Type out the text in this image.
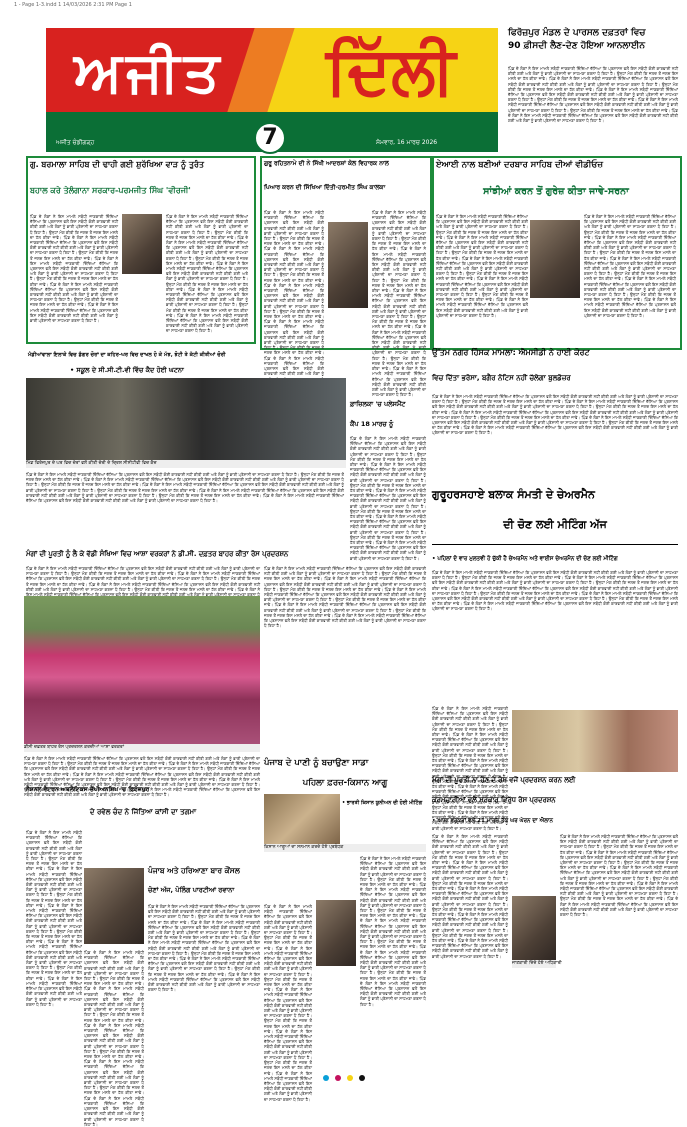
1 - Page 1-3.indd 1 14/03/2026 2:31 PM Page 1
ਅਜੀਤ ਦਿੱਲੀ
ਅਜੀਤ ਚੰਡੀਗੜ੍ਹ	7	ਸੋਮਵਾਰ, 16 ਮਾਰਚ 2026
ਫਿਰੋਜ਼ਪੁਰ ਮੰਡਲ ਦੇ ਪਾਰਸਲ ਦਫ਼ਤਰਾਂ ਵਿਚ
90 ਫ਼ੀਸਦੀ ਲੈਣ-ਦੇਣ ਹੋਇਆ ਆਨਲਾਈਨ
ਪਿੰਡ ਦੇ ਲੋਕਾਂ ਨੇ ਇਸ ਮਾਮਲੇ ਸਬੰਧੀ ਜਾਣਕਾਰੀ ਦਿੰਦਿਆਂ ਦੱਸਿਆ ਕਿ ਪ੍ਰਸ਼ਾਸਨ ਵਲੋਂ ਇਸ ਸਬੰਧੀ ਕੋਈ ਕਾਰਵਾਈ ਨਹੀਂ ਕੀਤੀ ਗਈ ਅਤੇ ਲੋਕਾਂ ਨੂੰ ਭਾਰੀ ਪ੍ਰੇਸ਼ਾਨੀ ਦਾ ਸਾਹਮਣਾ ਕਰਨਾ ਪੈ ਰਿਹਾ ਹੈ। ਉਨ੍ਹਾਂ ਮੰਗ ਕੀਤੀ ਕਿ ਜਲਦ ਤੋਂ ਜਲਦ ਇਸ ਮਸਲੇ ਦਾ ਹੱਲ ਕੀਤਾ ਜਾਵੇ। ਪਿੰਡ ਦੇ ਲੋਕਾਂ ਨੇ ਇਸ ਮਾਮਲੇ ਸਬੰਧੀ ਜਾਣਕਾਰੀ ਦਿੰਦਿਆਂ ਦੱਸਿਆ ਕਿ ਪ੍ਰਸ਼ਾਸਨ ਵਲੋਂ ਇਸ ਸਬੰਧੀ ਕੋਈ ਕਾਰਵਾਈ ਨਹੀਂ ਕੀਤੀ ਗਈ ਅਤੇ ਲੋਕਾਂ ਨੂੰ ਭਾਰੀ ਪ੍ਰੇਸ਼ਾਨੀ ਦਾ ਸਾਹਮਣਾ ਕਰਨਾ ਪੈ ਰਿਹਾ ਹੈ। ਉਨ੍ਹਾਂ ਮੰਗ ਕੀਤੀ ਕਿ ਜਲਦ ਤੋਂ ਜਲਦ ਇਸ ਮਸਲੇ ਦਾ ਹੱਲ ਕੀਤਾ ਜਾਵੇ। ਪਿੰਡ ਦੇ ਲੋਕਾਂ ਨੇ ਇਸ ਮਾਮਲੇ ਸਬੰਧੀ ਜਾਣਕਾਰੀ ਦਿੰਦਿਆਂ ਦੱਸਿਆ ਕਿ ਪ੍ਰਸ਼ਾਸਨ ਵਲੋਂ ਇਸ ਸਬੰਧੀ ਕੋਈ ਕਾਰਵਾਈ ਨਹੀਂ ਕੀਤੀ ਗਈ ਅਤੇ ਲੋਕਾਂ ਨੂੰ ਭਾਰੀ ਪ੍ਰੇਸ਼ਾਨੀ ਦਾ ਸਾਹਮਣਾ ਕਰਨਾ ਪੈ ਰਿਹਾ ਹੈ। ਉਨ੍ਹਾਂ ਮੰਗ ਕੀਤੀ ਕਿ ਜਲਦ ਤੋਂ ਜਲਦ ਇਸ ਮਸਲੇ ਦਾ ਹੱਲ ਕੀਤਾ ਜਾਵੇ। ਪਿੰਡ ਦੇ ਲੋਕਾਂ ਨੇ ਇਸ ਮਾਮਲੇ ਸਬੰਧੀ ਜਾਣਕਾਰੀ ਦਿੰਦਿਆਂ ਦੱਸਿਆ ਕਿ ਪ੍ਰਸ਼ਾਸਨ ਵਲੋਂ ਇਸ ਸਬੰਧੀ ਕੋਈ ਕਾਰਵਾਈ ਨਹੀਂ ਕੀਤੀ ਗਈ ਅਤੇ ਲੋਕਾਂ ਨੂੰ ਭਾਰੀ ਪ੍ਰੇਸ਼ਾਨੀ ਦਾ ਸਾਹਮਣਾ ਕਰਨਾ ਪੈ ਰਿਹਾ ਹੈ। ਉਨ੍ਹਾਂ ਮੰਗ ਕੀਤੀ ਕਿ ਜਲਦ ਤੋਂ ਜਲਦ ਇਸ ਮਸਲੇ ਦਾ ਹੱਲ ਕੀਤਾ ਜਾਵੇ। ਪਿੰਡ ਦੇ ਲੋਕਾਂ ਨੇ ਇਸ ਮਾਮਲੇ ਸਬੰਧੀ ਜਾਣਕਾਰੀ ਦਿੰਦਿਆਂ ਦੱਸਿਆ ਕਿ ਪ੍ਰਸ਼ਾਸਨ ਵਲੋਂ ਇਸ ਸਬੰਧੀ ਕੋਈ ਕਾਰਵਾਈ ਨਹੀਂ ਕੀਤੀ ਗਈ ਅਤੇ ਲੋਕਾਂ ਨੂੰ ਭਾਰੀ ਪ੍ਰੇਸ਼ਾਨੀ ਦਾ ਸਾਹਮਣਾ ਕਰਨਾ ਪੈ ਰਿਹਾ ਹੈ।
ਗੁ. ਬਰਮਾਲਾ ਸਾਹਿਬ ਦੀ ਢਾਹੀ ਗਈ ਸ਼ੁਰੱਖਿਆ ਵਾੜ ਨੂੰ ਤੁਰੰਤ
ਬਹਾਲ ਕਰੇ ਤੇਲੰਗਾਨਾ ਸਰਕਾਰ-ਪਰਮਜੀਤ ਸਿੰਘ 'ਵੀਰਜੀ'
ਪਿੰਡ ਦੇ ਲੋਕਾਂ ਨੇ ਇਸ ਮਾਮਲੇ ਸਬੰਧੀ ਜਾਣਕਾਰੀ ਦਿੰਦਿਆਂ ਦੱਸਿਆ ਕਿ ਪ੍ਰਸ਼ਾਸਨ ਵਲੋਂ ਇਸ ਸਬੰਧੀ ਕੋਈ ਕਾਰਵਾਈ ਨਹੀਂ ਕੀਤੀ ਗਈ ਅਤੇ ਲੋਕਾਂ ਨੂੰ ਭਾਰੀ ਪ੍ਰੇਸ਼ਾਨੀ ਦਾ ਸਾਹਮਣਾ ਕਰਨਾ ਪੈ ਰਿਹਾ ਹੈ। ਉਨ੍ਹਾਂ ਮੰਗ ਕੀਤੀ ਕਿ ਜਲਦ ਤੋਂ ਜਲਦ ਇਸ ਮਸਲੇ ਦਾ ਹੱਲ ਕੀਤਾ ਜਾਵੇ। ਪਿੰਡ ਦੇ ਲੋਕਾਂ ਨੇ ਇਸ ਮਾਮਲੇ ਸਬੰਧੀ ਜਾਣਕਾਰੀ ਦਿੰਦਿਆਂ ਦੱਸਿਆ ਕਿ ਪ੍ਰਸ਼ਾਸਨ ਵਲੋਂ ਇਸ ਸਬੰਧੀ ਕੋਈ ਕਾਰਵਾਈ ਨਹੀਂ ਕੀਤੀ ਗਈ ਅਤੇ ਲੋਕਾਂ ਨੂੰ ਭਾਰੀ ਪ੍ਰੇਸ਼ਾਨੀ ਦਾ ਸਾਹਮਣਾ ਕਰਨਾ ਪੈ ਰਿਹਾ ਹੈ। ਉਨ੍ਹਾਂ ਮੰਗ ਕੀਤੀ ਕਿ ਜਲਦ ਤੋਂ ਜਲਦ ਇਸ ਮਸਲੇ ਦਾ ਹੱਲ ਕੀਤਾ ਜਾਵੇ। ਪਿੰਡ ਦੇ ਲੋਕਾਂ ਨੇ ਇਸ ਮਾਮਲੇ ਸਬੰਧੀ ਜਾਣਕਾਰੀ ਦਿੰਦਿਆਂ ਦੱਸਿਆ ਕਿ ਪ੍ਰਸ਼ਾਸਨ ਵਲੋਂ ਇਸ ਸਬੰਧੀ ਕੋਈ ਕਾਰਵਾਈ ਨਹੀਂ ਕੀਤੀ ਗਈ ਅਤੇ ਲੋਕਾਂ ਨੂੰ ਭਾਰੀ ਪ੍ਰੇਸ਼ਾਨੀ ਦਾ ਸਾਹਮਣਾ ਕਰਨਾ ਪੈ ਰਿਹਾ ਹੈ। ਉਨ੍ਹਾਂ ਮੰਗ ਕੀਤੀ ਕਿ ਜਲਦ ਤੋਂ ਜਲਦ ਇਸ ਮਸਲੇ ਦਾ ਹੱਲ ਕੀਤਾ ਜਾਵੇ। ਪਿੰਡ ਦੇ ਲੋਕਾਂ ਨੇ ਇਸ ਮਾਮਲੇ ਸਬੰਧੀ ਜਾਣਕਾਰੀ ਦਿੰਦਿਆਂ ਦੱਸਿਆ ਕਿ ਪ੍ਰਸ਼ਾਸਨ ਵਲੋਂ ਇਸ ਸਬੰਧੀ ਕੋਈ ਕਾਰਵਾਈ ਨਹੀਂ ਕੀਤੀ ਗਈ ਅਤੇ ਲੋਕਾਂ ਨੂੰ ਭਾਰੀ ਪ੍ਰੇਸ਼ਾਨੀ ਦਾ ਸਾਹਮਣਾ ਕਰਨਾ ਪੈ ਰਿਹਾ ਹੈ। ਉਨ੍ਹਾਂ ਮੰਗ ਕੀਤੀ ਕਿ ਜਲਦ ਤੋਂ ਜਲਦ ਇਸ ਮਸਲੇ ਦਾ ਹੱਲ ਕੀਤਾ ਜਾਵੇ। ਪਿੰਡ ਦੇ ਲੋਕਾਂ ਨੇ ਇਸ ਮਾਮਲੇ ਸਬੰਧੀ ਜਾਣਕਾਰੀ ਦਿੰਦਿਆਂ ਦੱਸਿਆ ਕਿ ਪ੍ਰਸ਼ਾਸਨ ਵਲੋਂ ਇਸ ਸਬੰਧੀ ਕੋਈ ਕਾਰਵਾਈ ਨਹੀਂ ਕੀਤੀ ਗਈ ਅਤੇ ਲੋਕਾਂ ਨੂੰ ਭਾਰੀ ਪ੍ਰੇਸ਼ਾਨੀ ਦਾ ਸਾਹਮਣਾ ਕਰਨਾ ਪੈ ਰਿਹਾ ਹੈ।
ਪਿੰਡ ਦੇ ਲੋਕਾਂ ਨੇ ਇਸ ਮਾਮਲੇ ਸਬੰਧੀ ਜਾਣਕਾਰੀ ਦਿੰਦਿਆਂ ਦੱਸਿਆ ਕਿ ਪ੍ਰਸ਼ਾਸਨ ਵਲੋਂ ਇਸ ਸਬੰਧੀ ਕੋਈ ਕਾਰਵਾਈ ਨਹੀਂ ਕੀਤੀ ਗਈ ਅਤੇ ਲੋਕਾਂ ਨੂੰ ਭਾਰੀ ਪ੍ਰੇਸ਼ਾਨੀ ਦਾ ਸਾਹਮਣਾ ਕਰਨਾ ਪੈ ਰਿਹਾ ਹੈ। ਉਨ੍ਹਾਂ ਮੰਗ ਕੀਤੀ ਕਿ ਜਲਦ ਤੋਂ ਜਲਦ ਇਸ ਮਸਲੇ ਦਾ ਹੱਲ ਕੀਤਾ ਜਾਵੇ। ਪਿੰਡ ਦੇ ਲੋਕਾਂ ਨੇ ਇਸ ਮਾਮਲੇ ਸਬੰਧੀ ਜਾਣਕਾਰੀ ਦਿੰਦਿਆਂ ਦੱਸਿਆ ਕਿ ਪ੍ਰਸ਼ਾਸਨ ਵਲੋਂ ਇਸ ਸਬੰਧੀ ਕੋਈ ਕਾਰਵਾਈ ਨਹੀਂ ਕੀਤੀ ਗਈ ਅਤੇ ਲੋਕਾਂ ਨੂੰ ਭਾਰੀ ਪ੍ਰੇਸ਼ਾਨੀ ਦਾ ਸਾਹਮਣਾ ਕਰਨਾ ਪੈ ਰਿਹਾ ਹੈ। ਉਨ੍ਹਾਂ ਮੰਗ ਕੀਤੀ ਕਿ ਜਲਦ ਤੋਂ ਜਲਦ ਇਸ ਮਸਲੇ ਦਾ ਹੱਲ ਕੀਤਾ ਜਾਵੇ। ਪਿੰਡ ਦੇ ਲੋਕਾਂ ਨੇ ਇਸ ਮਾਮਲੇ ਸਬੰਧੀ ਜਾਣਕਾਰੀ ਦਿੰਦਿਆਂ ਦੱਸਿਆ ਕਿ ਪ੍ਰਸ਼ਾਸਨ ਵਲੋਂ ਇਸ ਸਬੰਧੀ ਕੋਈ ਕਾਰਵਾਈ ਨਹੀਂ ਕੀਤੀ ਗਈ ਅਤੇ ਲੋਕਾਂ ਨੂੰ ਭਾਰੀ ਪ੍ਰੇਸ਼ਾਨੀ ਦਾ ਸਾਹਮਣਾ ਕਰਨਾ ਪੈ ਰਿਹਾ ਹੈ। ਉਨ੍ਹਾਂ ਮੰਗ ਕੀਤੀ ਕਿ ਜਲਦ ਤੋਂ ਜਲਦ ਇਸ ਮਸਲੇ ਦਾ ਹੱਲ ਕੀਤਾ ਜਾਵੇ। ਪਿੰਡ ਦੇ ਲੋਕਾਂ ਨੇ ਇਸ ਮਾਮਲੇ ਸਬੰਧੀ ਜਾਣਕਾਰੀ ਦਿੰਦਿਆਂ ਦੱਸਿਆ ਕਿ ਪ੍ਰਸ਼ਾਸਨ ਵਲੋਂ ਇਸ ਸਬੰਧੀ ਕੋਈ ਕਾਰਵਾਈ ਨਹੀਂ ਕੀਤੀ ਗਈ ਅਤੇ ਲੋਕਾਂ ਨੂੰ ਭਾਰੀ ਪ੍ਰੇਸ਼ਾਨੀ ਦਾ ਸਾਹਮਣਾ ਕਰਨਾ ਪੈ ਰਿਹਾ ਹੈ। ਉਨ੍ਹਾਂ ਮੰਗ ਕੀਤੀ ਕਿ ਜਲਦ ਤੋਂ ਜਲਦ ਇਸ ਮਸਲੇ ਦਾ ਹੱਲ ਕੀਤਾ ਜਾਵੇ। ਪਿੰਡ ਦੇ ਲੋਕਾਂ ਨੇ ਇਸ ਮਾਮਲੇ ਸਬੰਧੀ ਜਾਣਕਾਰੀ ਦਿੰਦਿਆਂ ਦੱਸਿਆ ਕਿ ਪ੍ਰਸ਼ਾਸਨ ਵਲੋਂ ਇਸ ਸਬੰਧੀ ਕੋਈ ਕਾਰਵਾਈ ਨਹੀਂ ਕੀਤੀ ਗਈ ਅਤੇ ਲੋਕਾਂ ਨੂੰ ਭਾਰੀ ਪ੍ਰੇਸ਼ਾਨੀ ਦਾ ਸਾਹਮਣਾ ਕਰਨਾ ਪੈ ਰਿਹਾ ਹੈ।
ਗੁਰੂ ਰਹਿਤਨਾਮੇ ਦੀ ਨੇ ਸਿੱਖੀ ਆਦਰਸ਼ਾਂ ਕੋਲ ਵਿਹਾਰਕ ਨਾਲ
ਪਿਆਰ ਕਰਨ ਦੀ ਸਿੱਖਿਆ ਦਿੱਤੀ-ਹਰਮੀਤ ਸਿੰਘ ਕਾਲਕਾ
ਪਿੰਡ ਦੇ ਲੋਕਾਂ ਨੇ ਇਸ ਮਾਮਲੇ ਸਬੰਧੀ ਜਾਣਕਾਰੀ ਦਿੰਦਿਆਂ ਦੱਸਿਆ ਕਿ ਪ੍ਰਸ਼ਾਸਨ ਵਲੋਂ ਇਸ ਸਬੰਧੀ ਕੋਈ ਕਾਰਵਾਈ ਨਹੀਂ ਕੀਤੀ ਗਈ ਅਤੇ ਲੋਕਾਂ ਨੂੰ ਭਾਰੀ ਪ੍ਰੇਸ਼ਾਨੀ ਦਾ ਸਾਹਮਣਾ ਕਰਨਾ ਪੈ ਰਿਹਾ ਹੈ। ਉਨ੍ਹਾਂ ਮੰਗ ਕੀਤੀ ਕਿ ਜਲਦ ਤੋਂ ਜਲਦ ਇਸ ਮਸਲੇ ਦਾ ਹੱਲ ਕੀਤਾ ਜਾਵੇ। ਪਿੰਡ ਦੇ ਲੋਕਾਂ ਨੇ ਇਸ ਮਾਮਲੇ ਸਬੰਧੀ ਜਾਣਕਾਰੀ ਦਿੰਦਿਆਂ ਦੱਸਿਆ ਕਿ ਪ੍ਰਸ਼ਾਸਨ ਵਲੋਂ ਇਸ ਸਬੰਧੀ ਕੋਈ ਕਾਰਵਾਈ ਨਹੀਂ ਕੀਤੀ ਗਈ ਅਤੇ ਲੋਕਾਂ ਨੂੰ ਭਾਰੀ ਪ੍ਰੇਸ਼ਾਨੀ ਦਾ ਸਾਹਮਣਾ ਕਰਨਾ ਪੈ ਰਿਹਾ ਹੈ। ਉਨ੍ਹਾਂ ਮੰਗ ਕੀਤੀ ਕਿ ਜਲਦ ਤੋਂ ਜਲਦ ਇਸ ਮਸਲੇ ਦਾ ਹੱਲ ਕੀਤਾ ਜਾਵੇ। ਪਿੰਡ ਦੇ ਲੋਕਾਂ ਨੇ ਇਸ ਮਾਮਲੇ ਸਬੰਧੀ ਜਾਣਕਾਰੀ ਦਿੰਦਿਆਂ ਦੱਸਿਆ ਕਿ ਪ੍ਰਸ਼ਾਸਨ ਵਲੋਂ ਇਸ ਸਬੰਧੀ ਕੋਈ ਕਾਰਵਾਈ ਨਹੀਂ ਕੀਤੀ ਗਈ ਅਤੇ ਲੋਕਾਂ ਨੂੰ ਭਾਰੀ ਪ੍ਰੇਸ਼ਾਨੀ ਦਾ ਸਾਹਮਣਾ ਕਰਨਾ ਪੈ ਰਿਹਾ ਹੈ। ਉਨ੍ਹਾਂ ਮੰਗ ਕੀਤੀ ਕਿ ਜਲਦ ਤੋਂ ਜਲਦ ਇਸ ਮਸਲੇ ਦਾ ਹੱਲ ਕੀਤਾ ਜਾਵੇ। ਪਿੰਡ ਦੇ ਲੋਕਾਂ ਨੇ ਇਸ ਮਾਮਲੇ ਸਬੰਧੀ ਜਾਣਕਾਰੀ ਦਿੰਦਿਆਂ ਦੱਸਿਆ ਕਿ ਪ੍ਰਸ਼ਾਸਨ ਵਲੋਂ ਇਸ ਸਬੰਧੀ ਕੋਈ ਕਾਰਵਾਈ ਨਹੀਂ ਕੀਤੀ ਗਈ ਅਤੇ ਲੋਕਾਂ ਨੂੰ ਭਾਰੀ ਪ੍ਰੇਸ਼ਾਨੀ ਦਾ ਸਾਹਮਣਾ ਕਰਨਾ ਪੈ ਰਿਹਾ ਹੈ। ਉਨ੍ਹਾਂ ਮੰਗ ਕੀਤੀ ਕਿ ਜਲਦ ਤੋਂ ਜਲਦ ਇਸ ਮਸਲੇ ਦਾ ਹੱਲ ਕੀਤਾ ਜਾਵੇ। ਪਿੰਡ ਦੇ ਲੋਕਾਂ ਨੇ ਇਸ ਮਾਮਲੇ ਸਬੰਧੀ ਜਾਣਕਾਰੀ ਦਿੰਦਿਆਂ ਦੱਸਿਆ ਕਿ ਪ੍ਰਸ਼ਾਸਨ ਵਲੋਂ ਇਸ ਸਬੰਧੀ ਕੋਈ ਕਾਰਵਾਈ ਨਹੀਂ ਕੀਤੀ ਗਈ ਅਤੇ ਲੋਕਾਂ ਨੂੰ ਭਾਰੀ ਪ੍ਰੇਸ਼ਾਨੀ ਦਾ ਸਾਹਮਣਾ ਕਰਨਾ ਪੈ ਰਿਹਾ ਹੈ।
ਪਿੰਡ ਦੇ ਲੋਕਾਂ ਨੇ ਇਸ ਮਾਮਲੇ ਸਬੰਧੀ ਜਾਣਕਾਰੀ ਦਿੰਦਿਆਂ ਦੱਸਿਆ ਕਿ ਪ੍ਰਸ਼ਾਸਨ ਵਲੋਂ ਇਸ ਸਬੰਧੀ ਕੋਈ ਕਾਰਵਾਈ ਨਹੀਂ ਕੀਤੀ ਗਈ ਅਤੇ ਲੋਕਾਂ ਨੂੰ ਭਾਰੀ ਪ੍ਰੇਸ਼ਾਨੀ ਦਾ ਸਾਹਮਣਾ ਕਰਨਾ ਪੈ ਰਿਹਾ ਹੈ। ਉਨ੍ਹਾਂ ਮੰਗ ਕੀਤੀ ਕਿ ਜਲਦ ਤੋਂ ਜਲਦ ਇਸ ਮਸਲੇ ਦਾ ਹੱਲ ਕੀਤਾ ਜਾਵੇ। ਪਿੰਡ ਦੇ ਲੋਕਾਂ ਨੇ ਇਸ ਮਾਮਲੇ ਸਬੰਧੀ ਜਾਣਕਾਰੀ ਦਿੰਦਿਆਂ ਦੱਸਿਆ ਕਿ ਪ੍ਰਸ਼ਾਸਨ ਵਲੋਂ ਇਸ ਸਬੰਧੀ ਕੋਈ ਕਾਰਵਾਈ ਨਹੀਂ ਕੀਤੀ ਗਈ ਅਤੇ ਲੋਕਾਂ ਨੂੰ ਭਾਰੀ ਪ੍ਰੇਸ਼ਾਨੀ ਦਾ ਸਾਹਮਣਾ ਕਰਨਾ ਪੈ ਰਿਹਾ ਹੈ। ਉਨ੍ਹਾਂ ਮੰਗ ਕੀਤੀ ਕਿ ਜਲਦ ਤੋਂ ਜਲਦ ਇਸ ਮਸਲੇ ਦਾ ਹੱਲ ਕੀਤਾ ਜਾਵੇ। ਪਿੰਡ ਦੇ ਲੋਕਾਂ ਨੇ ਇਸ ਮਾਮਲੇ ਸਬੰਧੀ ਜਾਣਕਾਰੀ ਦਿੰਦਿਆਂ ਦੱਸਿਆ ਕਿ ਪ੍ਰਸ਼ਾਸਨ ਵਲੋਂ ਇਸ ਸਬੰਧੀ ਕੋਈ ਕਾਰਵਾਈ ਨਹੀਂ ਕੀਤੀ ਗਈ ਅਤੇ ਲੋਕਾਂ ਨੂੰ ਭਾਰੀ ਪ੍ਰੇਸ਼ਾਨੀ ਦਾ ਸਾਹਮਣਾ ਕਰਨਾ ਪੈ ਰਿਹਾ ਹੈ। ਉਨ੍ਹਾਂ ਮੰਗ ਕੀਤੀ ਕਿ ਜਲਦ ਤੋਂ ਜਲਦ ਇਸ ਮਸਲੇ ਦਾ ਹੱਲ ਕੀਤਾ ਜਾਵੇ। ਪਿੰਡ ਦੇ ਲੋਕਾਂ ਨੇ ਇਸ ਮਾਮਲੇ ਸਬੰਧੀ ਜਾਣਕਾਰੀ ਦਿੰਦਿਆਂ ਦੱਸਿਆ ਕਿ ਪ੍ਰਸ਼ਾਸਨ ਵਲੋਂ ਇਸ ਸਬੰਧੀ ਕੋਈ ਕਾਰਵਾਈ ਨਹੀਂ ਕੀਤੀ ਗਈ ਅਤੇ ਲੋਕਾਂ ਨੂੰ ਭਾਰੀ ਪ੍ਰੇਸ਼ਾਨੀ ਦਾ ਸਾਹਮਣਾ ਕਰਨਾ ਪੈ ਰਿਹਾ ਹੈ। ਉਨ੍ਹਾਂ ਮੰਗ ਕੀਤੀ ਕਿ ਜਲਦ ਤੋਂ ਜਲਦ ਇਸ ਮਸਲੇ ਦਾ ਹੱਲ ਕੀਤਾ ਜਾਵੇ। ਪਿੰਡ ਦੇ ਲੋਕਾਂ ਨੇ ਇਸ ਮਾਮਲੇ ਸਬੰਧੀ ਜਾਣਕਾਰੀ ਦਿੰਦਿਆਂ ਦੱਸਿਆ ਕਿ ਪ੍ਰਸ਼ਾਸਨ ਵਲੋਂ ਇਸ ਸਬੰਧੀ ਕੋਈ ਕਾਰਵਾਈ ਨਹੀਂ ਕੀਤੀ ਗਈ ਅਤੇ ਲੋਕਾਂ ਨੂੰ ਭਾਰੀ ਪ੍ਰੇਸ਼ਾਨੀ ਦਾ ਸਾਹਮਣਾ ਕਰਨਾ ਪੈ ਰਿਹਾ ਹੈ।
ਏਆਈ ਨਾਲ ਬਣੀਆਂ ਦਰਬਾਰ ਸਾਹਿਬ ਦੀਆਂ ਵੀਡੀਓਜ਼
ਸਾਂਝੀਆਂ ਕਰਨ ਤੋਂ ਗੁਰੇਜ਼ ਕੀਤਾ ਜਾਵੇ-ਸਰਨਾ
ਪਿੰਡ ਦੇ ਲੋਕਾਂ ਨੇ ਇਸ ਮਾਮਲੇ ਸਬੰਧੀ ਜਾਣਕਾਰੀ ਦਿੰਦਿਆਂ ਦੱਸਿਆ ਕਿ ਪ੍ਰਸ਼ਾਸਨ ਵਲੋਂ ਇਸ ਸਬੰਧੀ ਕੋਈ ਕਾਰਵਾਈ ਨਹੀਂ ਕੀਤੀ ਗਈ ਅਤੇ ਲੋਕਾਂ ਨੂੰ ਭਾਰੀ ਪ੍ਰੇਸ਼ਾਨੀ ਦਾ ਸਾਹਮਣਾ ਕਰਨਾ ਪੈ ਰਿਹਾ ਹੈ। ਉਨ੍ਹਾਂ ਮੰਗ ਕੀਤੀ ਕਿ ਜਲਦ ਤੋਂ ਜਲਦ ਇਸ ਮਸਲੇ ਦਾ ਹੱਲ ਕੀਤਾ ਜਾਵੇ। ਪਿੰਡ ਦੇ ਲੋਕਾਂ ਨੇ ਇਸ ਮਾਮਲੇ ਸਬੰਧੀ ਜਾਣਕਾਰੀ ਦਿੰਦਿਆਂ ਦੱਸਿਆ ਕਿ ਪ੍ਰਸ਼ਾਸਨ ਵਲੋਂ ਇਸ ਸਬੰਧੀ ਕੋਈ ਕਾਰਵਾਈ ਨਹੀਂ ਕੀਤੀ ਗਈ ਅਤੇ ਲੋਕਾਂ ਨੂੰ ਭਾਰੀ ਪ੍ਰੇਸ਼ਾਨੀ ਦਾ ਸਾਹਮਣਾ ਕਰਨਾ ਪੈ ਰਿਹਾ ਹੈ। ਉਨ੍ਹਾਂ ਮੰਗ ਕੀਤੀ ਕਿ ਜਲਦ ਤੋਂ ਜਲਦ ਇਸ ਮਸਲੇ ਦਾ ਹੱਲ ਕੀਤਾ ਜਾਵੇ। ਪਿੰਡ ਦੇ ਲੋਕਾਂ ਨੇ ਇਸ ਮਾਮਲੇ ਸਬੰਧੀ ਜਾਣਕਾਰੀ ਦਿੰਦਿਆਂ ਦੱਸਿਆ ਕਿ ਪ੍ਰਸ਼ਾਸਨ ਵਲੋਂ ਇਸ ਸਬੰਧੀ ਕੋਈ ਕਾਰਵਾਈ ਨਹੀਂ ਕੀਤੀ ਗਈ ਅਤੇ ਲੋਕਾਂ ਨੂੰ ਭਾਰੀ ਪ੍ਰੇਸ਼ਾਨੀ ਦਾ ਸਾਹਮਣਾ ਕਰਨਾ ਪੈ ਰਿਹਾ ਹੈ। ਉਨ੍ਹਾਂ ਮੰਗ ਕੀਤੀ ਕਿ ਜਲਦ ਤੋਂ ਜਲਦ ਇਸ ਮਸਲੇ ਦਾ ਹੱਲ ਕੀਤਾ ਜਾਵੇ। ਪਿੰਡ ਦੇ ਲੋਕਾਂ ਨੇ ਇਸ ਮਾਮਲੇ ਸਬੰਧੀ ਜਾਣਕਾਰੀ ਦਿੰਦਿਆਂ ਦੱਸਿਆ ਕਿ ਪ੍ਰਸ਼ਾਸਨ ਵਲੋਂ ਇਸ ਸਬੰਧੀ ਕੋਈ ਕਾਰਵਾਈ ਨਹੀਂ ਕੀਤੀ ਗਈ ਅਤੇ ਲੋਕਾਂ ਨੂੰ ਭਾਰੀ ਪ੍ਰੇਸ਼ਾਨੀ ਦਾ ਸਾਹਮਣਾ ਕਰਨਾ ਪੈ ਰਿਹਾ ਹੈ। ਉਨ੍ਹਾਂ ਮੰਗ ਕੀਤੀ ਕਿ ਜਲਦ ਤੋਂ ਜਲਦ ਇਸ ਮਸਲੇ ਦਾ ਹੱਲ ਕੀਤਾ ਜਾਵੇ। ਪਿੰਡ ਦੇ ਲੋਕਾਂ ਨੇ ਇਸ ਮਾਮਲੇ ਸਬੰਧੀ ਜਾਣਕਾਰੀ ਦਿੰਦਿਆਂ ਦੱਸਿਆ ਕਿ ਪ੍ਰਸ਼ਾਸਨ ਵਲੋਂ ਇਸ ਸਬੰਧੀ ਕੋਈ ਕਾਰਵਾਈ ਨਹੀਂ ਕੀਤੀ ਗਈ ਅਤੇ ਲੋਕਾਂ ਨੂੰ ਭਾਰੀ ਪ੍ਰੇਸ਼ਾਨੀ ਦਾ ਸਾਹਮਣਾ ਕਰਨਾ ਪੈ ਰਿਹਾ ਹੈ।
ਪਿੰਡ ਦੇ ਲੋਕਾਂ ਨੇ ਇਸ ਮਾਮਲੇ ਸਬੰਧੀ ਜਾਣਕਾਰੀ ਦਿੰਦਿਆਂ ਦੱਸਿਆ ਕਿ ਪ੍ਰਸ਼ਾਸਨ ਵਲੋਂ ਇਸ ਸਬੰਧੀ ਕੋਈ ਕਾਰਵਾਈ ਨਹੀਂ ਕੀਤੀ ਗਈ ਅਤੇ ਲੋਕਾਂ ਨੂੰ ਭਾਰੀ ਪ੍ਰੇਸ਼ਾਨੀ ਦਾ ਸਾਹਮਣਾ ਕਰਨਾ ਪੈ ਰਿਹਾ ਹੈ। ਉਨ੍ਹਾਂ ਮੰਗ ਕੀਤੀ ਕਿ ਜਲਦ ਤੋਂ ਜਲਦ ਇਸ ਮਸਲੇ ਦਾ ਹੱਲ ਕੀਤਾ ਜਾਵੇ। ਪਿੰਡ ਦੇ ਲੋਕਾਂ ਨੇ ਇਸ ਮਾਮਲੇ ਸਬੰਧੀ ਜਾਣਕਾਰੀ ਦਿੰਦਿਆਂ ਦੱਸਿਆ ਕਿ ਪ੍ਰਸ਼ਾਸਨ ਵਲੋਂ ਇਸ ਸਬੰਧੀ ਕੋਈ ਕਾਰਵਾਈ ਨਹੀਂ ਕੀਤੀ ਗਈ ਅਤੇ ਲੋਕਾਂ ਨੂੰ ਭਾਰੀ ਪ੍ਰੇਸ਼ਾਨੀ ਦਾ ਸਾਹਮਣਾ ਕਰਨਾ ਪੈ ਰਿਹਾ ਹੈ। ਉਨ੍ਹਾਂ ਮੰਗ ਕੀਤੀ ਕਿ ਜਲਦ ਤੋਂ ਜਲਦ ਇਸ ਮਸਲੇ ਦਾ ਹੱਲ ਕੀਤਾ ਜਾਵੇ। ਪਿੰਡ ਦੇ ਲੋਕਾਂ ਨੇ ਇਸ ਮਾਮਲੇ ਸਬੰਧੀ ਜਾਣਕਾਰੀ ਦਿੰਦਿਆਂ ਦੱਸਿਆ ਕਿ ਪ੍ਰਸ਼ਾਸਨ ਵਲੋਂ ਇਸ ਸਬੰਧੀ ਕੋਈ ਕਾਰਵਾਈ ਨਹੀਂ ਕੀਤੀ ਗਈ ਅਤੇ ਲੋਕਾਂ ਨੂੰ ਭਾਰੀ ਪ੍ਰੇਸ਼ਾਨੀ ਦਾ ਸਾਹਮਣਾ ਕਰਨਾ ਪੈ ਰਿਹਾ ਹੈ। ਉਨ੍ਹਾਂ ਮੰਗ ਕੀਤੀ ਕਿ ਜਲਦ ਤੋਂ ਜਲਦ ਇਸ ਮਸਲੇ ਦਾ ਹੱਲ ਕੀਤਾ ਜਾਵੇ। ਪਿੰਡ ਦੇ ਲੋਕਾਂ ਨੇ ਇਸ ਮਾਮਲੇ ਸਬੰਧੀ ਜਾਣਕਾਰੀ ਦਿੰਦਿਆਂ ਦੱਸਿਆ ਕਿ ਪ੍ਰਸ਼ਾਸਨ ਵਲੋਂ ਇਸ ਸਬੰਧੀ ਕੋਈ ਕਾਰਵਾਈ ਨਹੀਂ ਕੀਤੀ ਗਈ ਅਤੇ ਲੋਕਾਂ ਨੂੰ ਭਾਰੀ ਪ੍ਰੇਸ਼ਾਨੀ ਦਾ ਸਾਹਮਣਾ ਕਰਨਾ ਪੈ ਰਿਹਾ ਹੈ। ਉਨ੍ਹਾਂ ਮੰਗ ਕੀਤੀ ਕਿ ਜਲਦ ਤੋਂ ਜਲਦ ਇਸ ਮਸਲੇ ਦਾ ਹੱਲ ਕੀਤਾ ਜਾਵੇ। ਪਿੰਡ ਦੇ ਲੋਕਾਂ ਨੇ ਇਸ ਮਾਮਲੇ ਸਬੰਧੀ ਜਾਣਕਾਰੀ ਦਿੰਦਿਆਂ ਦੱਸਿਆ ਕਿ ਪ੍ਰਸ਼ਾਸਨ ਵਲੋਂ ਇਸ ਸਬੰਧੀ ਕੋਈ ਕਾਰਵਾਈ ਨਹੀਂ ਕੀਤੀ ਗਈ ਅਤੇ ਲੋਕਾਂ ਨੂੰ ਭਾਰੀ ਪ੍ਰੇਸ਼ਾਨੀ ਦਾ ਸਾਹਮਣਾ ਕਰਨਾ ਪੈ ਰਿਹਾ ਹੈ।
ਮੰਡੀਆਂਵਾਲਾ ਇਲਾਕੇ ਵਿਚ ਡੰਗਰ ਚੋਰਾਂ ਦਾ ਕਹਿਰ-ਘਰ ਵਿਚ ਦਾਖਲ ਹੋ ਕੇ ਮੱਝ, ਝੋਟੀ ਤੇ ਕੱਟੀ ਕੀਤੀਆਂ ਚੋਰੀ
• ਸਕੂਲ ਦੇ ਸੀ.ਸੀ.ਟੀ.ਵੀ ਵਿੱਚ ਕੈਦ ਹੋਈ ਘਟਨਾ
ਮਿੰਡ ਫਿਰੋਜ਼ਪੁਰ ਦੇ ਘਰ ਵਿਚ ਚੋਰਾਂ ਵਲੋਂ ਕੀਤੀ ਚੋਰੀ ਦੇ ਦ੍ਰਿਸ਼ ਸੀਸੀਟੀਵੀ ਵਿਚ ਕੈਦ
ਫ਼ਾਜ਼ਿਲਕਾ 'ਚ ਪਲੇਸਮੈਂਟ
ਕੈਂਪ 18 ਮਾਰਚ ਨੂੰ
ਪਿੰਡ ਦੇ ਲੋਕਾਂ ਨੇ ਇਸ ਮਾਮਲੇ ਸਬੰਧੀ ਜਾਣਕਾਰੀ ਦਿੰਦਿਆਂ ਦੱਸਿਆ ਕਿ ਪ੍ਰਸ਼ਾਸਨ ਵਲੋਂ ਇਸ ਸਬੰਧੀ ਕੋਈ ਕਾਰਵਾਈ ਨਹੀਂ ਕੀਤੀ ਗਈ ਅਤੇ ਲੋਕਾਂ ਨੂੰ ਭਾਰੀ ਪ੍ਰੇਸ਼ਾਨੀ ਦਾ ਸਾਹਮਣਾ ਕਰਨਾ ਪੈ ਰਿਹਾ ਹੈ। ਉਨ੍ਹਾਂ ਮੰਗ ਕੀਤੀ ਕਿ ਜਲਦ ਤੋਂ ਜਲਦ ਇਸ ਮਸਲੇ ਦਾ ਹੱਲ ਕੀਤਾ ਜਾਵੇ। ਪਿੰਡ ਦੇ ਲੋਕਾਂ ਨੇ ਇਸ ਮਾਮਲੇ ਸਬੰਧੀ ਜਾਣਕਾਰੀ ਦਿੰਦਿਆਂ ਦੱਸਿਆ ਕਿ ਪ੍ਰਸ਼ਾਸਨ ਵਲੋਂ ਇਸ ਸਬੰਧੀ ਕੋਈ ਕਾਰਵਾਈ ਨਹੀਂ ਕੀਤੀ ਗਈ ਅਤੇ ਲੋਕਾਂ ਨੂੰ ਭਾਰੀ ਪ੍ਰੇਸ਼ਾਨੀ ਦਾ ਸਾਹਮਣਾ ਕਰਨਾ ਪੈ ਰਿਹਾ ਹੈ। ਉਨ੍ਹਾਂ ਮੰਗ ਕੀਤੀ ਕਿ ਜਲਦ ਤੋਂ ਜਲਦ ਇਸ ਮਸਲੇ ਦਾ ਹੱਲ ਕੀਤਾ ਜਾਵੇ। ਪਿੰਡ ਦੇ ਲੋਕਾਂ ਨੇ ਇਸ ਮਾਮਲੇ ਸਬੰਧੀ ਜਾਣਕਾਰੀ ਦਿੰਦਿਆਂ ਦੱਸਿਆ ਕਿ ਪ੍ਰਸ਼ਾਸਨ ਵਲੋਂ ਇਸ ਸਬੰਧੀ ਕੋਈ ਕਾਰਵਾਈ ਨਹੀਂ ਕੀਤੀ ਗਈ ਅਤੇ ਲੋਕਾਂ ਨੂੰ ਭਾਰੀ ਪ੍ਰੇਸ਼ਾਨੀ ਦਾ ਸਾਹਮਣਾ ਕਰਨਾ ਪੈ ਰਿਹਾ ਹੈ। ਉਨ੍ਹਾਂ ਮੰਗ ਕੀਤੀ ਕਿ ਜਲਦ ਤੋਂ ਜਲਦ ਇਸ ਮਸਲੇ ਦਾ ਹੱਲ ਕੀਤਾ ਜਾਵੇ। ਪਿੰਡ ਦੇ ਲੋਕਾਂ ਨੇ ਇਸ ਮਾਮਲੇ ਸਬੰਧੀ ਜਾਣਕਾਰੀ ਦਿੰਦਿਆਂ ਦੱਸਿਆ ਕਿ ਪ੍ਰਸ਼ਾਸਨ ਵਲੋਂ ਇਸ ਸਬੰਧੀ ਕੋਈ ਕਾਰਵਾਈ ਨਹੀਂ ਕੀਤੀ ਗਈ ਅਤੇ ਲੋਕਾਂ ਨੂੰ ਭਾਰੀ ਪ੍ਰੇਸ਼ਾਨੀ ਦਾ ਸਾਹਮਣਾ ਕਰਨਾ ਪੈ ਰਿਹਾ ਹੈ। ਉਨ੍ਹਾਂ ਮੰਗ ਕੀਤੀ ਕਿ ਜਲਦ ਤੋਂ ਜਲਦ ਇਸ ਮਸਲੇ ਦਾ ਹੱਲ ਕੀਤਾ ਜਾਵੇ। ਪਿੰਡ ਦੇ ਲੋਕਾਂ ਨੇ ਇਸ ਮਾਮਲੇ ਸਬੰਧੀ ਜਾਣਕਾਰੀ ਦਿੰਦਿਆਂ ਦੱਸਿਆ ਕਿ ਪ੍ਰਸ਼ਾਸਨ ਵਲੋਂ ਇਸ ਸਬੰਧੀ ਕੋਈ ਕਾਰਵਾਈ ਨਹੀਂ ਕੀਤੀ ਗਈ ਅਤੇ ਲੋਕਾਂ ਨੂੰ ਭਾਰੀ ਪ੍ਰੇਸ਼ਾਨੀ ਦਾ ਸਾਹਮਣਾ ਕਰਨਾ ਪੈ ਰਿਹਾ ਹੈ।
ਉੱਤਮ ਨਗਰ ਹਿੰਸਕ ਮਾਮਲਾ: ਐਮਸੀਡੀ ਨੇ ਹਾਈ ਕੋਰਟ
ਵਿਚ ਦਿੱਤਾ ਭਰੋਸਾ, ਬਗੈਰ ਨੋਟਿਸ ਨਹੀਂ ਚੱਲੇਗਾ ਬੁਲਡੋਜ਼ਰ
ਪਿੰਡ ਦੇ ਲੋਕਾਂ ਨੇ ਇਸ ਮਾਮਲੇ ਸਬੰਧੀ ਜਾਣਕਾਰੀ ਦਿੰਦਿਆਂ ਦੱਸਿਆ ਕਿ ਪ੍ਰਸ਼ਾਸਨ ਵਲੋਂ ਇਸ ਸਬੰਧੀ ਕੋਈ ਕਾਰਵਾਈ ਨਹੀਂ ਕੀਤੀ ਗਈ ਅਤੇ ਲੋਕਾਂ ਨੂੰ ਭਾਰੀ ਪ੍ਰੇਸ਼ਾਨੀ ਦਾ ਸਾਹਮਣਾ ਕਰਨਾ ਪੈ ਰਿਹਾ ਹੈ। ਉਨ੍ਹਾਂ ਮੰਗ ਕੀਤੀ ਕਿ ਜਲਦ ਤੋਂ ਜਲਦ ਇਸ ਮਸਲੇ ਦਾ ਹੱਲ ਕੀਤਾ ਜਾਵੇ। ਪਿੰਡ ਦੇ ਲੋਕਾਂ ਨੇ ਇਸ ਮਾਮਲੇ ਸਬੰਧੀ ਜਾਣਕਾਰੀ ਦਿੰਦਿਆਂ ਦੱਸਿਆ ਕਿ ਪ੍ਰਸ਼ਾਸਨ ਵਲੋਂ ਇਸ ਸਬੰਧੀ ਕੋਈ ਕਾਰਵਾਈ ਨਹੀਂ ਕੀਤੀ ਗਈ ਅਤੇ ਲੋਕਾਂ ਨੂੰ ਭਾਰੀ ਪ੍ਰੇਸ਼ਾਨੀ ਦਾ ਸਾਹਮਣਾ ਕਰਨਾ ਪੈ ਰਿਹਾ ਹੈ। ਉਨ੍ਹਾਂ ਮੰਗ ਕੀਤੀ ਕਿ ਜਲਦ ਤੋਂ ਜਲਦ ਇਸ ਮਸਲੇ ਦਾ ਹੱਲ ਕੀਤਾ ਜਾਵੇ। ਪਿੰਡ ਦੇ ਲੋਕਾਂ ਨੇ ਇਸ ਮਾਮਲੇ ਸਬੰਧੀ ਜਾਣਕਾਰੀ ਦਿੰਦਿਆਂ ਦੱਸਿਆ ਕਿ ਪ੍ਰਸ਼ਾਸਨ ਵਲੋਂ ਇਸ ਸਬੰਧੀ ਕੋਈ ਕਾਰਵਾਈ ਨਹੀਂ ਕੀਤੀ ਗਈ ਅਤੇ ਲੋਕਾਂ ਨੂੰ ਭਾਰੀ ਪ੍ਰੇਸ਼ਾਨੀ ਦਾ ਸਾਹਮਣਾ ਕਰਨਾ ਪੈ ਰਿਹਾ ਹੈ। ਉਨ੍ਹਾਂ ਮੰਗ ਕੀਤੀ ਕਿ ਜਲਦ ਤੋਂ ਜਲਦ ਇਸ ਮਸਲੇ ਦਾ ਹੱਲ ਕੀਤਾ ਜਾਵੇ। ਪਿੰਡ ਦੇ ਲੋਕਾਂ ਨੇ ਇਸ ਮਾਮਲੇ ਸਬੰਧੀ ਜਾਣਕਾਰੀ ਦਿੰਦਿਆਂ ਦੱਸਿਆ ਕਿ ਪ੍ਰਸ਼ਾਸਨ ਵਲੋਂ ਇਸ ਸਬੰਧੀ ਕੋਈ ਕਾਰਵਾਈ ਨਹੀਂ ਕੀਤੀ ਗਈ ਅਤੇ ਲੋਕਾਂ ਨੂੰ ਭਾਰੀ ਪ੍ਰੇਸ਼ਾਨੀ ਦਾ ਸਾਹਮਣਾ ਕਰਨਾ ਪੈ ਰਿਹਾ ਹੈ। ਉਨ੍ਹਾਂ ਮੰਗ ਕੀਤੀ ਕਿ ਜਲਦ ਤੋਂ ਜਲਦ ਇਸ ਮਸਲੇ ਦਾ ਹੱਲ ਕੀਤਾ ਜਾਵੇ। ਪਿੰਡ ਦੇ ਲੋਕਾਂ ਨੇ ਇਸ ਮਾਮਲੇ ਸਬੰਧੀ ਜਾਣਕਾਰੀ ਦਿੰਦਿਆਂ ਦੱਸਿਆ ਕਿ ਪ੍ਰਸ਼ਾਸਨ ਵਲੋਂ ਇਸ ਸਬੰਧੀ ਕੋਈ ਕਾਰਵਾਈ ਨਹੀਂ ਕੀਤੀ ਗਈ ਅਤੇ ਲੋਕਾਂ ਨੂੰ ਭਾਰੀ ਪ੍ਰੇਸ਼ਾਨੀ ਦਾ ਸਾਹਮਣਾ ਕਰਨਾ ਪੈ ਰਿਹਾ ਹੈ।
ਗੁਰੂਹਰਸਹਾਏ ਬਲਾਕ ਸੰਮਤੀ ਦੇ ਚੇਅਰਮੈਨ
ਦੀ ਚੋਣ ਲਈ ਮੀਟਿੰਗ ਅੱਜ
ਪਿੰਡ ਦੇ ਲੋਕਾਂ ਨੇ ਇਸ ਮਾਮਲੇ ਸਬੰਧੀ ਜਾਣਕਾਰੀ ਦਿੰਦਿਆਂ ਦੱਸਿਆ ਕਿ ਪ੍ਰਸ਼ਾਸਨ ਵਲੋਂ ਇਸ ਸਬੰਧੀ ਕੋਈ ਕਾਰਵਾਈ ਨਹੀਂ ਕੀਤੀ ਗਈ ਅਤੇ ਲੋਕਾਂ ਨੂੰ ਭਾਰੀ ਪ੍ਰੇਸ਼ਾਨੀ ਦਾ ਸਾਹਮਣਾ ਕਰਨਾ ਪੈ ਰਿਹਾ ਹੈ। ਉਨ੍ਹਾਂ ਮੰਗ ਕੀਤੀ ਕਿ ਜਲਦ ਤੋਂ ਜਲਦ ਇਸ ਮਸਲੇ ਦਾ ਹੱਲ ਕੀਤਾ ਜਾਵੇ। ਪਿੰਡ ਦੇ ਲੋਕਾਂ ਨੇ ਇਸ ਮਾਮਲੇ ਸਬੰਧੀ ਜਾਣਕਾਰੀ ਦਿੰਦਿਆਂ ਦੱਸਿਆ ਕਿ ਪ੍ਰਸ਼ਾਸਨ ਵਲੋਂ ਇਸ ਸਬੰਧੀ ਕੋਈ ਕਾਰਵਾਈ ਨਹੀਂ ਕੀਤੀ ਗਈ ਅਤੇ ਲੋਕਾਂ ਨੂੰ ਭਾਰੀ ਪ੍ਰੇਸ਼ਾਨੀ ਦਾ ਸਾਹਮਣਾ ਕਰਨਾ ਪੈ ਰਿਹਾ ਹੈ। ਉਨ੍ਹਾਂ ਮੰਗ ਕੀਤੀ ਕਿ ਜਲਦ ਤੋਂ ਜਲਦ ਇਸ ਮਸਲੇ ਦਾ ਹੱਲ ਕੀਤਾ ਜਾਵੇ। ਪਿੰਡ ਦੇ ਲੋਕਾਂ ਨੇ ਇਸ ਮਾਮਲੇ ਸਬੰਧੀ ਜਾਣਕਾਰੀ ਦਿੰਦਿਆਂ ਦੱਸਿਆ ਕਿ ਪ੍ਰਸ਼ਾਸਨ ਵਲੋਂ ਇਸ ਸਬੰਧੀ ਕੋਈ ਕਾਰਵਾਈ ਨਹੀਂ ਕੀਤੀ ਗਈ ਅਤੇ ਲੋਕਾਂ ਨੂੰ ਭਾਰੀ ਪ੍ਰੇਸ਼ਾਨੀ ਦਾ ਸਾਹਮਣਾ ਕਰਨਾ ਪੈ ਰਿਹਾ ਹੈ। ਉਨ੍ਹਾਂ ਮੰਗ ਕੀਤੀ ਕਿ ਜਲਦ ਤੋਂ ਜਲਦ ਇਸ ਮਸਲੇ ਦਾ ਹੱਲ ਕੀਤਾ ਜਾਵੇ। ਪਿੰਡ ਦੇ ਲੋਕਾਂ ਨੇ ਇਸ ਮਾਮਲੇ ਸਬੰਧੀ ਜਾਣਕਾਰੀ ਦਿੰਦਿਆਂ ਦੱਸਿਆ ਕਿ ਪ੍ਰਸ਼ਾਸਨ ਵਲੋਂ ਇਸ ਸਬੰਧੀ ਕੋਈ ਕਾਰਵਾਈ ਨਹੀਂ ਕੀਤੀ ਗਈ ਅਤੇ ਲੋਕਾਂ ਨੂੰ ਭਾਰੀ ਪ੍ਰੇਸ਼ਾਨੀ ਦਾ ਸਾਹਮਣਾ ਕਰਨਾ ਪੈ ਰਿਹਾ ਹੈ। ਉਨ੍ਹਾਂ ਮੰਗ ਕੀਤੀ ਕਿ ਜਲਦ ਤੋਂ ਜਲਦ ਇਸ ਮਸਲੇ ਦਾ ਹੱਲ ਕੀਤਾ ਜਾਵੇ। ਪਿੰਡ ਦੇ ਲੋਕਾਂ ਨੇ ਇਸ ਮਾਮਲੇ ਸਬੰਧੀ ਜਾਣਕਾਰੀ ਦਿੰਦਿਆਂ ਦੱਸਿਆ ਕਿ ਪ੍ਰਸ਼ਾਸਨ ਵਲੋਂ ਇਸ ਸਬੰਧੀ ਕੋਈ ਕਾਰਵਾਈ ਨਹੀਂ ਕੀਤੀ ਗਈ ਅਤੇ ਲੋਕਾਂ ਨੂੰ ਭਾਰੀ ਪ੍ਰੇਸ਼ਾਨੀ ਦਾ ਸਾਹਮਣਾ ਕਰਨਾ ਪੈ ਰਿਹਾ ਹੈ।
ਮੰਗਾਂ ਦੀ ਪੂਰਤੀ ਨੂੰ ਲੈ ਕੇ ਵੱਡੀ ਸੰਖਿਆ ਵਿਚ ਆਸ਼ਾ ਵਰਕਰਾਂ ਨੇ ਡੀ.ਸੀ. ਦਫ਼ਤਰ ਬਾਹਰ ਕੀਤਾ ਰੋਸ ਪ੍ਰਦਰਸ਼ਨ
ਪਿੰਡ ਦੇ ਲੋਕਾਂ ਨੇ ਇਸ ਮਾਮਲੇ ਸਬੰਧੀ ਜਾਣਕਾਰੀ ਦਿੰਦਿਆਂ ਦੱਸਿਆ ਕਿ ਪ੍ਰਸ਼ਾਸਨ ਵਲੋਂ ਇਸ ਸਬੰਧੀ ਕੋਈ ਕਾਰਵਾਈ ਨਹੀਂ ਕੀਤੀ ਗਈ ਅਤੇ ਲੋਕਾਂ ਨੂੰ ਭਾਰੀ ਪ੍ਰੇਸ਼ਾਨੀ ਦਾ ਸਾਹਮਣਾ ਕਰਨਾ ਪੈ ਰਿਹਾ ਹੈ। ਉਨ੍ਹਾਂ ਮੰਗ ਕੀਤੀ ਕਿ ਜਲਦ ਤੋਂ ਜਲਦ ਇਸ ਮਸਲੇ ਦਾ ਹੱਲ ਕੀਤਾ ਜਾਵੇ। ਪਿੰਡ ਦੇ ਲੋਕਾਂ ਨੇ ਇਸ ਮਾਮਲੇ ਸਬੰਧੀ ਜਾਣਕਾਰੀ ਦਿੰਦਿਆਂ ਦੱਸਿਆ ਕਿ ਪ੍ਰਸ਼ਾਸਨ ਵਲੋਂ ਇਸ ਸਬੰਧੀ ਕੋਈ ਕਾਰਵਾਈ ਨਹੀਂ ਕੀਤੀ ਗਈ ਅਤੇ ਲੋਕਾਂ ਨੂੰ ਭਾਰੀ ਪ੍ਰੇਸ਼ਾਨੀ ਦਾ ਸਾਹਮਣਾ ਕਰਨਾ ਪੈ ਰਿਹਾ ਹੈ। ਉਨ੍ਹਾਂ ਮੰਗ ਕੀਤੀ ਕਿ ਜਲਦ ਤੋਂ ਜਲਦ ਇਸ ਮਸਲੇ ਦਾ ਹੱਲ ਕੀਤਾ ਜਾਵੇ। ਪਿੰਡ ਦੇ ਲੋਕਾਂ ਨੇ ਇਸ ਮਾਮਲੇ ਸਬੰਧੀ ਜਾਣਕਾਰੀ ਦਿੰਦਿਆਂ ਦੱਸਿਆ ਕਿ ਪ੍ਰਸ਼ਾਸਨ ਵਲੋਂ ਇਸ ਸਬੰਧੀ ਕੋਈ ਕਾਰਵਾਈ ਨਹੀਂ ਕੀਤੀ ਗਈ ਅਤੇ ਲੋਕਾਂ ਨੂੰ ਭਾਰੀ ਪ੍ਰੇਸ਼ਾਨੀ ਦਾ ਸਾਹਮਣਾ ਕਰਨਾ ਪੈ ਰਿਹਾ ਹੈ। ਉਨ੍ਹਾਂ ਮੰਗ ਕੀਤੀ ਕਿ ਜਲਦ ਤੋਂ ਜਲਦ ਇਸ ਮਸਲੇ ਦਾ ਹੱਲ ਕੀਤਾ ਜਾਵੇ। ਪਿੰਡ ਦੇ ਲੋਕਾਂ ਨੇ ਇਸ ਮਾਮਲੇ ਸਬੰਧੀ ਜਾਣਕਾਰੀ ਦਿੰਦਿਆਂ ਦੱਸਿਆ ਕਿ ਪ੍ਰਸ਼ਾਸਨ ਵਲੋਂ ਇਸ ਸਬੰਧੀ ਕੋਈ ਕਾਰਵਾਈ ਨਹੀਂ ਕੀਤੀ ਗਈ ਅਤੇ ਲੋਕਾਂ ਨੂੰ ਭਾਰੀ ਪ੍ਰੇਸ਼ਾਨੀ ਦਾ ਸਾਹਮਣਾ ਕਰਨਾ ਪੈ ਰਿਹਾ ਹੈ। ਉਨ੍ਹਾਂ ਮੰਗ ਕੀਤੀ ਕਿ ਜਲਦ ਤੋਂ ਜਲਦ ਇਸ ਮਸਲੇ ਦਾ ਹੱਲ ਕੀਤਾ ਜਾਵੇ। ਪਿੰਡ ਦੇ ਲੋਕਾਂ ਨੇ ਇਸ ਮਾਮਲੇ ਸਬੰਧੀ ਜਾਣਕਾਰੀ ਦਿੰਦਿਆਂ ਦੱਸਿਆ ਕਿ ਪ੍ਰਸ਼ਾਸਨ ਵਲੋਂ ਇਸ ਸਬੰਧੀ ਕੋਈ ਕਾਰਵਾਈ ਨਹੀਂ ਕੀਤੀ ਗਈ ਅਤੇ ਲੋਕਾਂ ਨੂੰ ਭਾਰੀ ਪ੍ਰੇਸ਼ਾਨੀ ਦਾ ਸਾਹਮਣਾ ਕਰਨਾ ਪੈ ਰਿਹਾ ਹੈ।
ਡੀਸੀ ਦਫ਼ਤਰ ਬਾਹਰ ਰੋਸ ਪ੍ਰਦਰਸ਼ਨ ਕਰਦੀਆਂ ਆਸ਼ਾ ਵਰਕਰਾਂ
ਪਿੰਡ ਦੇ ਲੋਕਾਂ ਨੇ ਇਸ ਮਾਮਲੇ ਸਬੰਧੀ ਜਾਣਕਾਰੀ ਦਿੰਦਿਆਂ ਦੱਸਿਆ ਕਿ ਪ੍ਰਸ਼ਾਸਨ ਵਲੋਂ ਇਸ ਸਬੰਧੀ ਕੋਈ ਕਾਰਵਾਈ ਨਹੀਂ ਕੀਤੀ ਗਈ ਅਤੇ ਲੋਕਾਂ ਨੂੰ ਭਾਰੀ ਪ੍ਰੇਸ਼ਾਨੀ ਦਾ ਸਾਹਮਣਾ ਕਰਨਾ ਪੈ ਰਿਹਾ ਹੈ। ਉਨ੍ਹਾਂ ਮੰਗ ਕੀਤੀ ਕਿ ਜਲਦ ਤੋਂ ਜਲਦ ਇਸ ਮਸਲੇ ਦਾ ਹੱਲ ਕੀਤਾ ਜਾਵੇ। ਪਿੰਡ ਦੇ ਲੋਕਾਂ ਨੇ ਇਸ ਮਾਮਲੇ ਸਬੰਧੀ ਜਾਣਕਾਰੀ ਦਿੰਦਿਆਂ ਦੱਸਿਆ ਕਿ ਪ੍ਰਸ਼ਾਸਨ ਵਲੋਂ ਇਸ ਸਬੰਧੀ ਕੋਈ ਕਾਰਵਾਈ ਨਹੀਂ ਕੀਤੀ ਗਈ ਅਤੇ ਲੋਕਾਂ ਨੂੰ ਭਾਰੀ ਪ੍ਰੇਸ਼ਾਨੀ ਦਾ ਸਾਹਮਣਾ ਕਰਨਾ ਪੈ ਰਿਹਾ ਹੈ। ਉਨ੍ਹਾਂ ਮੰਗ ਕੀਤੀ ਕਿ ਜਲਦ ਤੋਂ ਜਲਦ ਇਸ ਮਸਲੇ ਦਾ ਹੱਲ ਕੀਤਾ ਜਾਵੇ। ਪਿੰਡ ਦੇ ਲੋਕਾਂ ਨੇ ਇਸ ਮਾਮਲੇ ਸਬੰਧੀ ਜਾਣਕਾਰੀ ਦਿੰਦਿਆਂ ਦੱਸਿਆ ਕਿ ਪ੍ਰਸ਼ਾਸਨ ਵਲੋਂ ਇਸ ਸਬੰਧੀ ਕੋਈ ਕਾਰਵਾਈ ਨਹੀਂ ਕੀਤੀ ਗਈ ਅਤੇ ਲੋਕਾਂ ਨੂੰ ਭਾਰੀ ਪ੍ਰੇਸ਼ਾਨੀ ਦਾ ਸਾਹਮਣਾ ਕਰਨਾ ਪੈ ਰਿਹਾ ਹੈ। ਉਨ੍ਹਾਂ ਮੰਗ ਕੀਤੀ ਕਿ ਜਲਦ ਤੋਂ ਜਲਦ ਇਸ ਮਸਲੇ ਦਾ ਹੱਲ ਕੀਤਾ ਜਾਵੇ। ਪਿੰਡ ਦੇ ਲੋਕਾਂ ਨੇ ਇਸ ਮਾਮਲੇ ਸਬੰਧੀ ਜਾਣਕਾਰੀ ਦਿੰਦਿਆਂ ਦੱਸਿਆ ਕਿ ਪ੍ਰਸ਼ਾਸਨ ਵਲੋਂ ਇਸ ਸਬੰਧੀ ਕੋਈ ਕਾਰਵਾਈ ਨਹੀਂ ਕੀਤੀ ਗਈ ਅਤੇ ਲੋਕਾਂ ਨੂੰ ਭਾਰੀ ਪ੍ਰੇਸ਼ਾਨੀ ਦਾ ਸਾਹਮਣਾ ਕਰਨਾ ਪੈ ਰਿਹਾ ਹੈ। ਉਨ੍ਹਾਂ ਮੰਗ ਕੀਤੀ ਕਿ ਜਲਦ ਤੋਂ ਜਲਦ ਇਸ ਮਸਲੇ ਦਾ ਹੱਲ ਕੀਤਾ ਜਾਵੇ। ਪਿੰਡ ਦੇ ਲੋਕਾਂ ਨੇ ਇਸ ਮਾਮਲੇ ਸਬੰਧੀ ਜਾਣਕਾਰੀ ਦਿੰਦਿਆਂ ਦੱਸਿਆ ਕਿ ਪ੍ਰਸ਼ਾਸਨ ਵਲੋਂ ਇਸ ਸਬੰਧੀ ਕੋਈ ਕਾਰਵਾਈ ਨਹੀਂ ਕੀਤੀ ਗਈ ਅਤੇ ਲੋਕਾਂ ਨੂੰ ਭਾਰੀ ਪ੍ਰੇਸ਼ਾਨੀ ਦਾ ਸਾਹਮਣਾ ਕਰਨਾ ਪੈ ਰਿਹਾ ਹੈ।
ਪਿੰਡ ਦੇ ਲੋਕਾਂ ਨੇ ਇਸ ਮਾਮਲੇ ਸਬੰਧੀ ਜਾਣਕਾਰੀ ਦਿੰਦਿਆਂ ਦੱਸਿਆ ਕਿ ਪ੍ਰਸ਼ਾਸਨ ਵਲੋਂ ਇਸ ਸਬੰਧੀ ਕੋਈ ਕਾਰਵਾਈ ਨਹੀਂ ਕੀਤੀ ਗਈ ਅਤੇ ਲੋਕਾਂ ਨੂੰ ਭਾਰੀ ਪ੍ਰੇਸ਼ਾਨੀ ਦਾ ਸਾਹਮਣਾ ਕਰਨਾ ਪੈ ਰਿਹਾ ਹੈ। ਉਨ੍ਹਾਂ ਮੰਗ ਕੀਤੀ ਕਿ ਜਲਦ ਤੋਂ ਜਲਦ ਇਸ ਮਸਲੇ ਦਾ ਹੱਲ ਕੀਤਾ ਜਾਵੇ। ਪਿੰਡ ਦੇ ਲੋਕਾਂ ਨੇ ਇਸ ਮਾਮਲੇ ਸਬੰਧੀ ਜਾਣਕਾਰੀ ਦਿੰਦਿਆਂ ਦੱਸਿਆ ਕਿ ਪ੍ਰਸ਼ਾਸਨ ਵਲੋਂ ਇਸ ਸਬੰਧੀ ਕੋਈ ਕਾਰਵਾਈ ਨਹੀਂ ਕੀਤੀ ਗਈ ਅਤੇ ਲੋਕਾਂ ਨੂੰ ਭਾਰੀ ਪ੍ਰੇਸ਼ਾਨੀ ਦਾ ਸਾਹਮਣਾ ਕਰਨਾ ਪੈ ਰਿਹਾ ਹੈ। ਉਨ੍ਹਾਂ ਮੰਗ ਕੀਤੀ ਕਿ ਜਲਦ ਤੋਂ ਜਲਦ ਇਸ ਮਸਲੇ ਦਾ ਹੱਲ ਕੀਤਾ ਜਾਵੇ। ਪਿੰਡ ਦੇ ਲੋਕਾਂ ਨੇ ਇਸ ਮਾਮਲੇ ਸਬੰਧੀ ਜਾਣਕਾਰੀ ਦਿੰਦਿਆਂ ਦੱਸਿਆ ਕਿ ਪ੍ਰਸ਼ਾਸਨ ਵਲੋਂ ਇਸ ਸਬੰਧੀ ਕੋਈ ਕਾਰਵਾਈ ਨਹੀਂ ਕੀਤੀ ਗਈ ਅਤੇ ਲੋਕਾਂ ਨੂੰ ਭਾਰੀ ਪ੍ਰੇਸ਼ਾਨੀ ਦਾ ਸਾਹਮਣਾ ਕਰਨਾ ਪੈ ਰਿਹਾ ਹੈ। ਉਨ੍ਹਾਂ ਮੰਗ ਕੀਤੀ ਕਿ ਜਲਦ ਤੋਂ ਜਲਦ ਇਸ ਮਸਲੇ ਦਾ ਹੱਲ ਕੀਤਾ ਜਾਵੇ। ਪਿੰਡ ਦੇ ਲੋਕਾਂ ਨੇ ਇਸ ਮਾਮਲੇ ਸਬੰਧੀ ਜਾਣਕਾਰੀ ਦਿੰਦਿਆਂ ਦੱਸਿਆ ਕਿ ਪ੍ਰਸ਼ਾਸਨ ਵਲੋਂ ਇਸ ਸਬੰਧੀ ਕੋਈ ਕਾਰਵਾਈ ਨਹੀਂ ਕੀਤੀ ਗਈ ਅਤੇ ਲੋਕਾਂ ਨੂੰ ਭਾਰੀ ਪ੍ਰੇਸ਼ਾਨੀ ਦਾ ਸਾਹਮਣਾ ਕਰਨਾ ਪੈ ਰਿਹਾ ਹੈ। ਉਨ੍ਹਾਂ ਮੰਗ ਕੀਤੀ ਕਿ ਜਲਦ ਤੋਂ ਜਲਦ ਇਸ ਮਸਲੇ ਦਾ ਹੱਲ ਕੀਤਾ ਜਾਵੇ। ਪਿੰਡ ਦੇ ਲੋਕਾਂ ਨੇ ਇਸ ਮਾਮਲੇ ਸਬੰਧੀ ਜਾਣਕਾਰੀ ਦਿੰਦਿਆਂ ਦੱਸਿਆ ਕਿ ਪ੍ਰਸ਼ਾਸਨ ਵਲੋਂ ਇਸ ਸਬੰਧੀ ਕੋਈ ਕਾਰਵਾਈ ਨਹੀਂ ਕੀਤੀ ਗਈ ਅਤੇ ਲੋਕਾਂ ਨੂੰ ਭਾਰੀ ਪ੍ਰੇਸ਼ਾਨੀ ਦਾ ਸਾਹਮਣਾ ਕਰਨਾ ਪੈ ਰਿਹਾ ਹੈ।
• ਪਹਿਲਾਂ ਦੋ ਵਾਰ ਮੁਲਤਵੀ ਹੋ ਚੁੱਕੀ ਹੈ ਚੇਅਰਮੈਨ ਅਤੇ ਵਾਈਸ ਚੇਅਰਮੈਨ ਦੀ ਚੋਣ ਲਈ ਮੀਟਿੰਗ
ਪਿੰਡ ਦੇ ਲੋਕਾਂ ਨੇ ਇਸ ਮਾਮਲੇ ਸਬੰਧੀ ਜਾਣਕਾਰੀ ਦਿੰਦਿਆਂ ਦੱਸਿਆ ਕਿ ਪ੍ਰਸ਼ਾਸਨ ਵਲੋਂ ਇਸ ਸਬੰਧੀ ਕੋਈ ਕਾਰਵਾਈ ਨਹੀਂ ਕੀਤੀ ਗਈ ਅਤੇ ਲੋਕਾਂ ਨੂੰ ਭਾਰੀ ਪ੍ਰੇਸ਼ਾਨੀ ਦਾ ਸਾਹਮਣਾ ਕਰਨਾ ਪੈ ਰਿਹਾ ਹੈ। ਉਨ੍ਹਾਂ ਮੰਗ ਕੀਤੀ ਕਿ ਜਲਦ ਤੋਂ ਜਲਦ ਇਸ ਮਸਲੇ ਦਾ ਹੱਲ ਕੀਤਾ ਜਾਵੇ। ਪਿੰਡ ਦੇ ਲੋਕਾਂ ਨੇ ਇਸ ਮਾਮਲੇ ਸਬੰਧੀ ਜਾਣਕਾਰੀ ਦਿੰਦਿਆਂ ਦੱਸਿਆ ਕਿ ਪ੍ਰਸ਼ਾਸਨ ਵਲੋਂ ਇਸ ਸਬੰਧੀ ਕੋਈ ਕਾਰਵਾਈ ਨਹੀਂ ਕੀਤੀ ਗਈ ਅਤੇ ਲੋਕਾਂ ਨੂੰ ਭਾਰੀ ਪ੍ਰੇਸ਼ਾਨੀ ਦਾ ਸਾਹਮਣਾ ਕਰਨਾ ਪੈ ਰਿਹਾ ਹੈ। ਉਨ੍ਹਾਂ ਮੰਗ ਕੀਤੀ ਕਿ ਜਲਦ ਤੋਂ ਜਲਦ ਇਸ ਮਸਲੇ ਦਾ ਹੱਲ ਕੀਤਾ ਜਾਵੇ। ਪਿੰਡ ਦੇ ਲੋਕਾਂ ਨੇ ਇਸ ਮਾਮਲੇ ਸਬੰਧੀ ਜਾਣਕਾਰੀ ਦਿੰਦਿਆਂ ਦੱਸਿਆ ਕਿ ਪ੍ਰਸ਼ਾਸਨ ਵਲੋਂ ਇਸ ਸਬੰਧੀ ਕੋਈ ਕਾਰਵਾਈ ਨਹੀਂ ਕੀਤੀ ਗਈ ਅਤੇ ਲੋਕਾਂ ਨੂੰ ਭਾਰੀ ਪ੍ਰੇਸ਼ਾਨੀ ਦਾ ਸਾਹਮਣਾ ਕਰਨਾ ਪੈ ਰਿਹਾ ਹੈ। ਉਨ੍ਹਾਂ ਮੰਗ ਕੀਤੀ ਕਿ ਜਲਦ ਤੋਂ ਜਲਦ ਇਸ ਮਸਲੇ ਦਾ ਹੱਲ ਕੀਤਾ ਜਾਵੇ। ਪਿੰਡ ਦੇ ਲੋਕਾਂ ਨੇ ਇਸ ਮਾਮਲੇ ਸਬੰਧੀ ਜਾਣਕਾਰੀ ਦਿੰਦਿਆਂ ਦੱਸਿਆ ਕਿ ਪ੍ਰਸ਼ਾਸਨ ਵਲੋਂ ਇਸ ਸਬੰਧੀ ਕੋਈ ਕਾਰਵਾਈ ਨਹੀਂ ਕੀਤੀ ਗਈ ਅਤੇ ਲੋਕਾਂ ਨੂੰ ਭਾਰੀ ਪ੍ਰੇਸ਼ਾਨੀ ਦਾ ਸਾਹਮਣਾ ਕਰਨਾ ਪੈ ਰਿਹਾ ਹੈ। ਉਨ੍ਹਾਂ ਮੰਗ ਕੀਤੀ ਕਿ ਜਲਦ ਤੋਂ ਜਲਦ ਇਸ ਮਸਲੇ ਦਾ ਹੱਲ ਕੀਤਾ ਜਾਵੇ। ਪਿੰਡ ਦੇ ਲੋਕਾਂ ਨੇ ਇਸ ਮਾਮਲੇ ਸਬੰਧੀ ਜਾਣਕਾਰੀ ਦਿੰਦਿਆਂ ਦੱਸਿਆ ਕਿ ਪ੍ਰਸ਼ਾਸਨ ਵਲੋਂ ਇਸ ਸਬੰਧੀ ਕੋਈ ਕਾਰਵਾਈ ਨਹੀਂ ਕੀਤੀ ਗਈ ਅਤੇ ਲੋਕਾਂ ਨੂੰ ਭਾਰੀ ਪ੍ਰੇਸ਼ਾਨੀ ਦਾ ਸਾਹਮਣਾ ਕਰਨਾ ਪੈ ਰਿਹਾ ਹੈ।
ਪਿੰਡ ਦੇ ਲੋਕਾਂ ਨੇ ਇਸ ਮਾਮਲੇ ਸਬੰਧੀ ਜਾਣਕਾਰੀ ਦਿੰਦਿਆਂ ਦੱਸਿਆ ਕਿ ਪ੍ਰਸ਼ਾਸਨ ਵਲੋਂ ਇਸ ਸਬੰਧੀ ਕੋਈ ਕਾਰਵਾਈ ਨਹੀਂ ਕੀਤੀ ਗਈ ਅਤੇ ਲੋਕਾਂ ਨੂੰ ਭਾਰੀ ਪ੍ਰੇਸ਼ਾਨੀ ਦਾ ਸਾਹਮਣਾ ਕਰਨਾ ਪੈ ਰਿਹਾ ਹੈ। ਉਨ੍ਹਾਂ ਮੰਗ ਕੀਤੀ ਕਿ ਜਲਦ ਤੋਂ ਜਲਦ ਇਸ ਮਸਲੇ ਦਾ ਹੱਲ ਕੀਤਾ ਜਾਵੇ। ਪਿੰਡ ਦੇ ਲੋਕਾਂ ਨੇ ਇਸ ਮਾਮਲੇ ਸਬੰਧੀ ਜਾਣਕਾਰੀ ਦਿੰਦਿਆਂ ਦੱਸਿਆ ਕਿ ਪ੍ਰਸ਼ਾਸਨ ਵਲੋਂ ਇਸ ਸਬੰਧੀ ਕੋਈ ਕਾਰਵਾਈ ਨਹੀਂ ਕੀਤੀ ਗਈ ਅਤੇ ਲੋਕਾਂ ਨੂੰ ਭਾਰੀ ਪ੍ਰੇਸ਼ਾਨੀ ਦਾ ਸਾਹਮਣਾ ਕਰਨਾ ਪੈ ਰਿਹਾ ਹੈ। ਉਨ੍ਹਾਂ ਮੰਗ ਕੀਤੀ ਕਿ ਜਲਦ ਤੋਂ ਜਲਦ ਇਸ ਮਸਲੇ ਦਾ ਹੱਲ ਕੀਤਾ ਜਾਵੇ। ਪਿੰਡ ਦੇ ਲੋਕਾਂ ਨੇ ਇਸ ਮਾਮਲੇ ਸਬੰਧੀ ਜਾਣਕਾਰੀ ਦਿੰਦਿਆਂ ਦੱਸਿਆ ਕਿ ਪ੍ਰਸ਼ਾਸਨ ਵਲੋਂ ਇਸ ਸਬੰਧੀ ਕੋਈ ਕਾਰਵਾਈ ਨਹੀਂ ਕੀਤੀ ਗਈ ਅਤੇ ਲੋਕਾਂ ਨੂੰ ਭਾਰੀ ਪ੍ਰੇਸ਼ਾਨੀ ਦਾ ਸਾਹਮਣਾ ਕਰਨਾ ਪੈ ਰਿਹਾ ਹੈ। ਉਨ੍ਹਾਂ ਮੰਗ ਕੀਤੀ ਕਿ ਜਲਦ ਤੋਂ ਜਲਦ ਇਸ ਮਸਲੇ ਦਾ ਹੱਲ ਕੀਤਾ ਜਾਵੇ। ਪਿੰਡ ਦੇ ਲੋਕਾਂ ਨੇ ਇਸ ਮਾਮਲੇ ਸਬੰਧੀ ਜਾਣਕਾਰੀ ਦਿੰਦਿਆਂ ਦੱਸਿਆ ਕਿ ਪ੍ਰਸ਼ਾਸਨ ਵਲੋਂ ਇਸ ਸਬੰਧੀ ਕੋਈ ਕਾਰਵਾਈ ਨਹੀਂ ਕੀਤੀ ਗਈ ਅਤੇ ਲੋਕਾਂ ਨੂੰ ਭਾਰੀ ਪ੍ਰੇਸ਼ਾਨੀ ਦਾ ਸਾਹਮਣਾ ਕਰਨਾ ਪੈ ਰਿਹਾ ਹੈ। ਉਨ੍ਹਾਂ ਮੰਗ ਕੀਤੀ ਕਿ ਜਲਦ ਤੋਂ ਜਲਦ ਇਸ ਮਸਲੇ ਦਾ ਹੱਲ ਕੀਤਾ ਜਾਵੇ। ਪਿੰਡ ਦੇ ਲੋਕਾਂ ਨੇ ਇਸ ਮਾਮਲੇ ਸਬੰਧੀ ਜਾਣਕਾਰੀ ਦਿੰਦਿਆਂ ਦੱਸਿਆ ਕਿ ਪ੍ਰਸ਼ਾਸਨ ਵਲੋਂ ਇਸ ਸਬੰਧੀ ਕੋਈ ਕਾਰਵਾਈ ਨਹੀਂ ਕੀਤੀ ਗਈ ਅਤੇ ਲੋਕਾਂ ਨੂੰ ਭਾਰੀ ਪ੍ਰੇਸ਼ਾਨੀ ਦਾ ਸਾਹਮਣਾ ਕਰਨਾ ਪੈ ਰਿਹਾ ਹੈ।
ਪੰਜਾਬ ਦੇ ਪਾਣੀ ਨੂੰ ਬਚਾਉਣਾ ਸਾਡਾ
ਪਹਿਲਾ ਫ਼ਰਜ਼-ਕਿਸਾਨ ਆਗੂ
• ਭਾਰਤੀ ਕਿਸਾਨ ਯੂਨੀਅਨ ਦੀ ਹੋਈ ਮੀਟਿੰਗ
ਕਿਸਾਨ ਆਗੂਆਂ ਦਾ ਸਨਮਾਨ ਕਰਦੇ ਹੋਏ ਪ੍ਰਬੰਧਕ
ਨੈਸ਼ਨਲ ਵੈਟਰਨ ਅਥਲੈਟਿਕਸ ਚੈਂਪੀਅਨਸ਼ਿਪ 'ਚ ਫ਼ਿਰੋਜ਼ਪੁਰ
ਦੇ ਰਵੇਲ ਚੰਦ ਨੇ ਜਿੱਤਿਆ ਕਾਂਸੀ ਦਾ ਤਗਮਾ
ਪਿੰਡ ਦੇ ਲੋਕਾਂ ਨੇ ਇਸ ਮਾਮਲੇ ਸਬੰਧੀ ਜਾਣਕਾਰੀ ਦਿੰਦਿਆਂ ਦੱਸਿਆ ਕਿ ਪ੍ਰਸ਼ਾਸਨ ਵਲੋਂ ਇਸ ਸਬੰਧੀ ਕੋਈ ਕਾਰਵਾਈ ਨਹੀਂ ਕੀਤੀ ਗਈ ਅਤੇ ਲੋਕਾਂ ਨੂੰ ਭਾਰੀ ਪ੍ਰੇਸ਼ਾਨੀ ਦਾ ਸਾਹਮਣਾ ਕਰਨਾ ਪੈ ਰਿਹਾ ਹੈ। ਉਨ੍ਹਾਂ ਮੰਗ ਕੀਤੀ ਕਿ ਜਲਦ ਤੋਂ ਜਲਦ ਇਸ ਮਸਲੇ ਦਾ ਹੱਲ ਕੀਤਾ ਜਾਵੇ। ਪਿੰਡ ਦੇ ਲੋਕਾਂ ਨੇ ਇਸ ਮਾਮਲੇ ਸਬੰਧੀ ਜਾਣਕਾਰੀ ਦਿੰਦਿਆਂ ਦੱਸਿਆ ਕਿ ਪ੍ਰਸ਼ਾਸਨ ਵਲੋਂ ਇਸ ਸਬੰਧੀ ਕੋਈ ਕਾਰਵਾਈ ਨਹੀਂ ਕੀਤੀ ਗਈ ਅਤੇ ਲੋਕਾਂ ਨੂੰ ਭਾਰੀ ਪ੍ਰੇਸ਼ਾਨੀ ਦਾ ਸਾਹਮਣਾ ਕਰਨਾ ਪੈ ਰਿਹਾ ਹੈ। ਉਨ੍ਹਾਂ ਮੰਗ ਕੀਤੀ ਕਿ ਜਲਦ ਤੋਂ ਜਲਦ ਇਸ ਮਸਲੇ ਦਾ ਹੱਲ ਕੀਤਾ ਜਾਵੇ। ਪਿੰਡ ਦੇ ਲੋਕਾਂ ਨੇ ਇਸ ਮਾਮਲੇ ਸਬੰਧੀ ਜਾਣਕਾਰੀ ਦਿੰਦਿਆਂ ਦੱਸਿਆ ਕਿ ਪ੍ਰਸ਼ਾਸਨ ਵਲੋਂ ਇਸ ਸਬੰਧੀ ਕੋਈ ਕਾਰਵਾਈ ਨਹੀਂ ਕੀਤੀ ਗਈ ਅਤੇ ਲੋਕਾਂ ਨੂੰ ਭਾਰੀ ਪ੍ਰੇਸ਼ਾਨੀ ਦਾ ਸਾਹਮਣਾ ਕਰਨਾ ਪੈ ਰਿਹਾ ਹੈ। ਉਨ੍ਹਾਂ ਮੰਗ ਕੀਤੀ ਕਿ ਜਲਦ ਤੋਂ ਜਲਦ ਇਸ ਮਸਲੇ ਦਾ ਹੱਲ ਕੀਤਾ ਜਾਵੇ। ਪਿੰਡ ਦੇ ਲੋਕਾਂ ਨੇ ਇਸ ਮਾਮਲੇ ਸਬੰਧੀ ਜਾਣਕਾਰੀ ਦਿੰਦਿਆਂ ਦੱਸਿਆ ਕਿ ਪ੍ਰਸ਼ਾਸਨ ਵਲੋਂ ਇਸ ਸਬੰਧੀ ਕੋਈ ਕਾਰਵਾਈ ਨਹੀਂ ਕੀਤੀ ਗਈ ਅਤੇ ਲੋਕਾਂ ਨੂੰ ਭਾਰੀ ਪ੍ਰੇਸ਼ਾਨੀ ਦਾ ਸਾਹਮਣਾ ਕਰਨਾ ਪੈ ਰਿਹਾ ਹੈ। ਉਨ੍ਹਾਂ ਮੰਗ ਕੀਤੀ ਕਿ ਜਲਦ ਤੋਂ ਜਲਦ ਇਸ ਮਸਲੇ ਦਾ ਹੱਲ ਕੀਤਾ ਜਾਵੇ। ਪਿੰਡ ਦੇ ਲੋਕਾਂ ਨੇ ਇਸ ਮਾਮਲੇ ਸਬੰਧੀ ਜਾਣਕਾਰੀ ਦਿੰਦਿਆਂ ਦੱਸਿਆ ਕਿ ਪ੍ਰਸ਼ਾਸਨ ਵਲੋਂ ਇਸ ਸਬੰਧੀ ਕੋਈ ਕਾਰਵਾਈ ਨਹੀਂ ਕੀਤੀ ਗਈ ਅਤੇ ਲੋਕਾਂ ਨੂੰ ਭਾਰੀ ਪ੍ਰੇਸ਼ਾਨੀ ਦਾ ਸਾਹਮਣਾ ਕਰਨਾ ਪੈ ਰਿਹਾ ਹੈ।
ਪਿੰਡ ਦੇ ਲੋਕਾਂ ਨੇ ਇਸ ਮਾਮਲੇ ਸਬੰਧੀ ਜਾਣਕਾਰੀ ਦਿੰਦਿਆਂ ਦੱਸਿਆ ਕਿ ਪ੍ਰਸ਼ਾਸਨ ਵਲੋਂ ਇਸ ਸਬੰਧੀ ਕੋਈ ਕਾਰਵਾਈ ਨਹੀਂ ਕੀਤੀ ਗਈ ਅਤੇ ਲੋਕਾਂ ਨੂੰ ਭਾਰੀ ਪ੍ਰੇਸ਼ਾਨੀ ਦਾ ਸਾਹਮਣਾ ਕਰਨਾ ਪੈ ਰਿਹਾ ਹੈ। ਉਨ੍ਹਾਂ ਮੰਗ ਕੀਤੀ ਕਿ ਜਲਦ ਤੋਂ ਜਲਦ ਇਸ ਮਸਲੇ ਦਾ ਹੱਲ ਕੀਤਾ ਜਾਵੇ। ਪਿੰਡ ਦੇ ਲੋਕਾਂ ਨੇ ਇਸ ਮਾਮਲੇ ਸਬੰਧੀ ਜਾਣਕਾਰੀ ਦਿੰਦਿਆਂ ਦੱਸਿਆ ਕਿ ਪ੍ਰਸ਼ਾਸਨ ਵਲੋਂ ਇਸ ਸਬੰਧੀ ਕੋਈ ਕਾਰਵਾਈ ਨਹੀਂ ਕੀਤੀ ਗਈ ਅਤੇ ਲੋਕਾਂ ਨੂੰ ਭਾਰੀ ਪ੍ਰੇਸ਼ਾਨੀ ਦਾ ਸਾਹਮਣਾ ਕਰਨਾ ਪੈ ਰਿਹਾ ਹੈ। ਉਨ੍ਹਾਂ ਮੰਗ ਕੀਤੀ ਕਿ ਜਲਦ ਤੋਂ ਜਲਦ ਇਸ ਮਸਲੇ ਦਾ ਹੱਲ ਕੀਤਾ ਜਾਵੇ। ਪਿੰਡ ਦੇ ਲੋਕਾਂ ਨੇ ਇਸ ਮਾਮਲੇ ਸਬੰਧੀ ਜਾਣਕਾਰੀ ਦਿੰਦਿਆਂ ਦੱਸਿਆ ਕਿ ਪ੍ਰਸ਼ਾਸਨ ਵਲੋਂ ਇਸ ਸਬੰਧੀ ਕੋਈ ਕਾਰਵਾਈ ਨਹੀਂ ਕੀਤੀ ਗਈ ਅਤੇ ਲੋਕਾਂ ਨੂੰ ਭਾਰੀ ਪ੍ਰੇਸ਼ਾਨੀ ਦਾ ਸਾਹਮਣਾ ਕਰਨਾ ਪੈ ਰਿਹਾ ਹੈ। ਉਨ੍ਹਾਂ ਮੰਗ ਕੀਤੀ ਕਿ ਜਲਦ ਤੋਂ ਜਲਦ ਇਸ ਮਸਲੇ ਦਾ ਹੱਲ ਕੀਤਾ ਜਾਵੇ। ਪਿੰਡ ਦੇ ਲੋਕਾਂ ਨੇ ਇਸ ਮਾਮਲੇ ਸਬੰਧੀ ਜਾਣਕਾਰੀ ਦਿੰਦਿਆਂ ਦੱਸਿਆ ਕਿ ਪ੍ਰਸ਼ਾਸਨ ਵਲੋਂ ਇਸ ਸਬੰਧੀ ਕੋਈ ਕਾਰਵਾਈ ਨਹੀਂ ਕੀਤੀ ਗਈ ਅਤੇ ਲੋਕਾਂ ਨੂੰ ਭਾਰੀ ਪ੍ਰੇਸ਼ਾਨੀ ਦਾ ਸਾਹਮਣਾ ਕਰਨਾ ਪੈ ਰਿਹਾ ਹੈ। ਉਨ੍ਹਾਂ ਮੰਗ ਕੀਤੀ ਕਿ ਜਲਦ ਤੋਂ ਜਲਦ ਇਸ ਮਸਲੇ ਦਾ ਹੱਲ ਕੀਤਾ ਜਾਵੇ। ਪਿੰਡ ਦੇ ਲੋਕਾਂ ਨੇ ਇਸ ਮਾਮਲੇ ਸਬੰਧੀ ਜਾਣਕਾਰੀ ਦਿੰਦਿਆਂ ਦੱਸਿਆ ਕਿ ਪ੍ਰਸ਼ਾਸਨ ਵਲੋਂ ਇਸ ਸਬੰਧੀ ਕੋਈ ਕਾਰਵਾਈ ਨਹੀਂ ਕੀਤੀ ਗਈ ਅਤੇ ਲੋਕਾਂ ਨੂੰ ਭਾਰੀ ਪ੍ਰੇਸ਼ਾਨੀ ਦਾ ਸਾਹਮਣਾ ਕਰਨਾ ਪੈ ਰਿਹਾ ਹੈ।
ਪੰਜਾਬ ਅਤੇ ਹਰਿਆਣਾ ਬਾਰ ਕੌਂਸਲ
ਚੋਣਾਂ ਅੱਜ, ਪੋਲਿੰਗ ਪਾਰਟੀਆਂ ਰਵਾਨਾ
ਪਿੰਡ ਦੇ ਲੋਕਾਂ ਨੇ ਇਸ ਮਾਮਲੇ ਸਬੰਧੀ ਜਾਣਕਾਰੀ ਦਿੰਦਿਆਂ ਦੱਸਿਆ ਕਿ ਪ੍ਰਸ਼ਾਸਨ ਵਲੋਂ ਇਸ ਸਬੰਧੀ ਕੋਈ ਕਾਰਵਾਈ ਨਹੀਂ ਕੀਤੀ ਗਈ ਅਤੇ ਲੋਕਾਂ ਨੂੰ ਭਾਰੀ ਪ੍ਰੇਸ਼ਾਨੀ ਦਾ ਸਾਹਮਣਾ ਕਰਨਾ ਪੈ ਰਿਹਾ ਹੈ। ਉਨ੍ਹਾਂ ਮੰਗ ਕੀਤੀ ਕਿ ਜਲਦ ਤੋਂ ਜਲਦ ਇਸ ਮਸਲੇ ਦਾ ਹੱਲ ਕੀਤਾ ਜਾਵੇ। ਪਿੰਡ ਦੇ ਲੋਕਾਂ ਨੇ ਇਸ ਮਾਮਲੇ ਸਬੰਧੀ ਜਾਣਕਾਰੀ ਦਿੰਦਿਆਂ ਦੱਸਿਆ ਕਿ ਪ੍ਰਸ਼ਾਸਨ ਵਲੋਂ ਇਸ ਸਬੰਧੀ ਕੋਈ ਕਾਰਵਾਈ ਨਹੀਂ ਕੀਤੀ ਗਈ ਅਤੇ ਲੋਕਾਂ ਨੂੰ ਭਾਰੀ ਪ੍ਰੇਸ਼ਾਨੀ ਦਾ ਸਾਹਮਣਾ ਕਰਨਾ ਪੈ ਰਿਹਾ ਹੈ। ਉਨ੍ਹਾਂ ਮੰਗ ਕੀਤੀ ਕਿ ਜਲਦ ਤੋਂ ਜਲਦ ਇਸ ਮਸਲੇ ਦਾ ਹੱਲ ਕੀਤਾ ਜਾਵੇ। ਪਿੰਡ ਦੇ ਲੋਕਾਂ ਨੇ ਇਸ ਮਾਮਲੇ ਸਬੰਧੀ ਜਾਣਕਾਰੀ ਦਿੰਦਿਆਂ ਦੱਸਿਆ ਕਿ ਪ੍ਰਸ਼ਾਸਨ ਵਲੋਂ ਇਸ ਸਬੰਧੀ ਕੋਈ ਕਾਰਵਾਈ ਨਹੀਂ ਕੀਤੀ ਗਈ ਅਤੇ ਲੋਕਾਂ ਨੂੰ ਭਾਰੀ ਪ੍ਰੇਸ਼ਾਨੀ ਦਾ ਸਾਹਮਣਾ ਕਰਨਾ ਪੈ ਰਿਹਾ ਹੈ। ਉਨ੍ਹਾਂ ਮੰਗ ਕੀਤੀ ਕਿ ਜਲਦ ਤੋਂ ਜਲਦ ਇਸ ਮਸਲੇ ਦਾ ਹੱਲ ਕੀਤਾ ਜਾਵੇ। ਪਿੰਡ ਦੇ ਲੋਕਾਂ ਨੇ ਇਸ ਮਾਮਲੇ ਸਬੰਧੀ ਜਾਣਕਾਰੀ ਦਿੰਦਿਆਂ ਦੱਸਿਆ ਕਿ ਪ੍ਰਸ਼ਾਸਨ ਵਲੋਂ ਇਸ ਸਬੰਧੀ ਕੋਈ ਕਾਰਵਾਈ ਨਹੀਂ ਕੀਤੀ ਗਈ ਅਤੇ ਲੋਕਾਂ ਨੂੰ ਭਾਰੀ ਪ੍ਰੇਸ਼ਾਨੀ ਦਾ ਸਾਹਮਣਾ ਕਰਨਾ ਪੈ ਰਿਹਾ ਹੈ। ਉਨ੍ਹਾਂ ਮੰਗ ਕੀਤੀ ਕਿ ਜਲਦ ਤੋਂ ਜਲਦ ਇਸ ਮਸਲੇ ਦਾ ਹੱਲ ਕੀਤਾ ਜਾਵੇ। ਪਿੰਡ ਦੇ ਲੋਕਾਂ ਨੇ ਇਸ ਮਾਮਲੇ ਸਬੰਧੀ ਜਾਣਕਾਰੀ ਦਿੰਦਿਆਂ ਦੱਸਿਆ ਕਿ ਪ੍ਰਸ਼ਾਸਨ ਵਲੋਂ ਇਸ ਸਬੰਧੀ ਕੋਈ ਕਾਰਵਾਈ ਨਹੀਂ ਕੀਤੀ ਗਈ ਅਤੇ ਲੋਕਾਂ ਨੂੰ ਭਾਰੀ ਪ੍ਰੇਸ਼ਾਨੀ ਦਾ ਸਾਹਮਣਾ ਕਰਨਾ ਪੈ ਰਿਹਾ ਹੈ।
ਪਿੰਡ ਦੇ ਲੋਕਾਂ ਨੇ ਇਸ ਮਾਮਲੇ ਸਬੰਧੀ ਜਾਣਕਾਰੀ ਦਿੰਦਿਆਂ ਦੱਸਿਆ ਕਿ ਪ੍ਰਸ਼ਾਸਨ ਵਲੋਂ ਇਸ ਸਬੰਧੀ ਕੋਈ ਕਾਰਵਾਈ ਨਹੀਂ ਕੀਤੀ ਗਈ ਅਤੇ ਲੋਕਾਂ ਨੂੰ ਭਾਰੀ ਪ੍ਰੇਸ਼ਾਨੀ ਦਾ ਸਾਹਮਣਾ ਕਰਨਾ ਪੈ ਰਿਹਾ ਹੈ। ਉਨ੍ਹਾਂ ਮੰਗ ਕੀਤੀ ਕਿ ਜਲਦ ਤੋਂ ਜਲਦ ਇਸ ਮਸਲੇ ਦਾ ਹੱਲ ਕੀਤਾ ਜਾਵੇ। ਪਿੰਡ ਦੇ ਲੋਕਾਂ ਨੇ ਇਸ ਮਾਮਲੇ ਸਬੰਧੀ ਜਾਣਕਾਰੀ ਦਿੰਦਿਆਂ ਦੱਸਿਆ ਕਿ ਪ੍ਰਸ਼ਾਸਨ ਵਲੋਂ ਇਸ ਸਬੰਧੀ ਕੋਈ ਕਾਰਵਾਈ ਨਹੀਂ ਕੀਤੀ ਗਈ ਅਤੇ ਲੋਕਾਂ ਨੂੰ ਭਾਰੀ ਪ੍ਰੇਸ਼ਾਨੀ ਦਾ ਸਾਹਮਣਾ ਕਰਨਾ ਪੈ ਰਿਹਾ ਹੈ। ਉਨ੍ਹਾਂ ਮੰਗ ਕੀਤੀ ਕਿ ਜਲਦ ਤੋਂ ਜਲਦ ਇਸ ਮਸਲੇ ਦਾ ਹੱਲ ਕੀਤਾ ਜਾਵੇ। ਪਿੰਡ ਦੇ ਲੋਕਾਂ ਨੇ ਇਸ ਮਾਮਲੇ ਸਬੰਧੀ ਜਾਣਕਾਰੀ ਦਿੰਦਿਆਂ ਦੱਸਿਆ ਕਿ ਪ੍ਰਸ਼ਾਸਨ ਵਲੋਂ ਇਸ ਸਬੰਧੀ ਕੋਈ ਕਾਰਵਾਈ ਨਹੀਂ ਕੀਤੀ ਗਈ ਅਤੇ ਲੋਕਾਂ ਨੂੰ ਭਾਰੀ ਪ੍ਰੇਸ਼ਾਨੀ ਦਾ ਸਾਹਮਣਾ ਕਰਨਾ ਪੈ ਰਿਹਾ ਹੈ। ਉਨ੍ਹਾਂ ਮੰਗ ਕੀਤੀ ਕਿ ਜਲਦ ਤੋਂ ਜਲਦ ਇਸ ਮਸਲੇ ਦਾ ਹੱਲ ਕੀਤਾ ਜਾਵੇ। ਪਿੰਡ ਦੇ ਲੋਕਾਂ ਨੇ ਇਸ ਮਾਮਲੇ ਸਬੰਧੀ ਜਾਣਕਾਰੀ ਦਿੰਦਿਆਂ ਦੱਸਿਆ ਕਿ ਪ੍ਰਸ਼ਾਸਨ ਵਲੋਂ ਇਸ ਸਬੰਧੀ ਕੋਈ ਕਾਰਵਾਈ ਨਹੀਂ ਕੀਤੀ ਗਈ ਅਤੇ ਲੋਕਾਂ ਨੂੰ ਭਾਰੀ ਪ੍ਰੇਸ਼ਾਨੀ ਦਾ ਸਾਹਮਣਾ ਕਰਨਾ ਪੈ ਰਿਹਾ ਹੈ। ਉਨ੍ਹਾਂ ਮੰਗ ਕੀਤੀ ਕਿ ਜਲਦ ਤੋਂ ਜਲਦ ਇਸ ਮਸਲੇ ਦਾ ਹੱਲ ਕੀਤਾ ਜਾਵੇ। ਪਿੰਡ ਦੇ ਲੋਕਾਂ ਨੇ ਇਸ ਮਾਮਲੇ ਸਬੰਧੀ ਜਾਣਕਾਰੀ ਦਿੰਦਿਆਂ ਦੱਸਿਆ ਕਿ ਪ੍ਰਸ਼ਾਸਨ ਵਲੋਂ ਇਸ ਸਬੰਧੀ ਕੋਈ ਕਾਰਵਾਈ ਨਹੀਂ ਕੀਤੀ ਗਈ ਅਤੇ ਲੋਕਾਂ ਨੂੰ ਭਾਰੀ ਪ੍ਰੇਸ਼ਾਨੀ ਦਾ ਸਾਹਮਣਾ ਕਰਨਾ ਪੈ ਰਿਹਾ ਹੈ।
ਪਿੰਡ ਦੇ ਲੋਕਾਂ ਨੇ ਇਸ ਮਾਮਲੇ ਸਬੰਧੀ ਜਾਣਕਾਰੀ ਦਿੰਦਿਆਂ ਦੱਸਿਆ ਕਿ ਪ੍ਰਸ਼ਾਸਨ ਵਲੋਂ ਇਸ ਸਬੰਧੀ ਕੋਈ ਕਾਰਵਾਈ ਨਹੀਂ ਕੀਤੀ ਗਈ ਅਤੇ ਲੋਕਾਂ ਨੂੰ ਭਾਰੀ ਪ੍ਰੇਸ਼ਾਨੀ ਦਾ ਸਾਹਮਣਾ ਕਰਨਾ ਪੈ ਰਿਹਾ ਹੈ। ਉਨ੍ਹਾਂ ਮੰਗ ਕੀਤੀ ਕਿ ਜਲਦ ਤੋਂ ਜਲਦ ਇਸ ਮਸਲੇ ਦਾ ਹੱਲ ਕੀਤਾ ਜਾਵੇ। ਪਿੰਡ ਦੇ ਲੋਕਾਂ ਨੇ ਇਸ ਮਾਮਲੇ ਸਬੰਧੀ ਜਾਣਕਾਰੀ ਦਿੰਦਿਆਂ ਦੱਸਿਆ ਕਿ ਪ੍ਰਸ਼ਾਸਨ ਵਲੋਂ ਇਸ ਸਬੰਧੀ ਕੋਈ ਕਾਰਵਾਈ ਨਹੀਂ ਕੀਤੀ ਗਈ ਅਤੇ ਲੋਕਾਂ ਨੂੰ ਭਾਰੀ ਪ੍ਰੇਸ਼ਾਨੀ ਦਾ ਸਾਹਮਣਾ ਕਰਨਾ ਪੈ ਰਿਹਾ ਹੈ। ਉਨ੍ਹਾਂ ਮੰਗ ਕੀਤੀ ਕਿ ਜਲਦ ਤੋਂ ਜਲਦ ਇਸ ਮਸਲੇ ਦਾ ਹੱਲ ਕੀਤਾ ਜਾਵੇ। ਪਿੰਡ ਦੇ ਲੋਕਾਂ ਨੇ ਇਸ ਮਾਮਲੇ ਸਬੰਧੀ ਜਾਣਕਾਰੀ ਦਿੰਦਿਆਂ ਦੱਸਿਆ ਕਿ ਪ੍ਰਸ਼ਾਸਨ ਵਲੋਂ ਇਸ ਸਬੰਧੀ ਕੋਈ ਕਾਰਵਾਈ ਨਹੀਂ ਕੀਤੀ ਗਈ ਅਤੇ ਲੋਕਾਂ ਨੂੰ ਭਾਰੀ ਪ੍ਰੇਸ਼ਾਨੀ ਦਾ ਸਾਹਮਣਾ ਕਰਨਾ ਪੈ ਰਿਹਾ ਹੈ। ਉਨ੍ਹਾਂ ਮੰਗ ਕੀਤੀ ਕਿ ਜਲਦ ਤੋਂ ਜਲਦ ਇਸ ਮਸਲੇ ਦਾ ਹੱਲ ਕੀਤਾ ਜਾਵੇ। ਪਿੰਡ ਦੇ ਲੋਕਾਂ ਨੇ ਇਸ ਮਾਮਲੇ ਸਬੰਧੀ ਜਾਣਕਾਰੀ ਦਿੰਦਿਆਂ ਦੱਸਿਆ ਕਿ ਪ੍ਰਸ਼ਾਸਨ ਵਲੋਂ ਇਸ ਸਬੰਧੀ ਕੋਈ ਕਾਰਵਾਈ ਨਹੀਂ ਕੀਤੀ ਗਈ ਅਤੇ ਲੋਕਾਂ ਨੂੰ ਭਾਰੀ ਪ੍ਰੇਸ਼ਾਨੀ ਦਾ ਸਾਹਮਣਾ ਕਰਨਾ ਪੈ ਰਿਹਾ ਹੈ। ਉਨ੍ਹਾਂ ਮੰਗ ਕੀਤੀ ਕਿ ਜਲਦ ਤੋਂ ਜਲਦ ਇਸ ਮਸਲੇ ਦਾ ਹੱਲ ਕੀਤਾ ਜਾਵੇ। ਪਿੰਡ ਦੇ ਲੋਕਾਂ ਨੇ ਇਸ ਮਾਮਲੇ ਸਬੰਧੀ ਜਾਣਕਾਰੀ ਦਿੰਦਿਆਂ ਦੱਸਿਆ ਕਿ ਪ੍ਰਸ਼ਾਸਨ ਵਲੋਂ ਇਸ ਸਬੰਧੀ ਕੋਈ ਕਾਰਵਾਈ ਨਹੀਂ ਕੀਤੀ ਗਈ ਅਤੇ ਲੋਕਾਂ ਨੂੰ ਭਾਰੀ ਪ੍ਰੇਸ਼ਾਨੀ ਦਾ ਸਾਹਮਣਾ ਕਰਨਾ ਪੈ ਰਿਹਾ ਹੈ।
ਮੰਗਾਂ ਦੀ ਪੂਰਤੀ ਨਾ ਹੋਣ ਦੇ ਰੋਸ ਵਜੋਂ ਪ੍ਰਦਰਸ਼ਨ ਕਰਨ ਲਈ
ਕਰਮਚਾਰੀਆਂ ਵਲੋਂ ਸਰਕਾਰ ਵਿਰੁੱਧ ਰੋਸ ਪ੍ਰਦਰਸ਼ਨ
• ਆਸ਼ਾ ਵਰਕਰਾਂ ਵਲੋਂ 21 ਮਾਰਚ ਤੱਕ ਘਰ ਘੇਰਨ ਦਾ ਐਲਾਨ
ਜਾਣਕਾਰੀ ਦਿੰਦੇ ਹੋਏ ਅਧਿਕਾਰੀ
ਪਿੰਡ ਦੇ ਲੋਕਾਂ ਨੇ ਇਸ ਮਾਮਲੇ ਸਬੰਧੀ ਜਾਣਕਾਰੀ ਦਿੰਦਿਆਂ ਦੱਸਿਆ ਕਿ ਪ੍ਰਸ਼ਾਸਨ ਵਲੋਂ ਇਸ ਸਬੰਧੀ ਕੋਈ ਕਾਰਵਾਈ ਨਹੀਂ ਕੀਤੀ ਗਈ ਅਤੇ ਲੋਕਾਂ ਨੂੰ ਭਾਰੀ ਪ੍ਰੇਸ਼ਾਨੀ ਦਾ ਸਾਹਮਣਾ ਕਰਨਾ ਪੈ ਰਿਹਾ ਹੈ। ਉਨ੍ਹਾਂ ਮੰਗ ਕੀਤੀ ਕਿ ਜਲਦ ਤੋਂ ਜਲਦ ਇਸ ਮਸਲੇ ਦਾ ਹੱਲ ਕੀਤਾ ਜਾਵੇ। ਪਿੰਡ ਦੇ ਲੋਕਾਂ ਨੇ ਇਸ ਮਾਮਲੇ ਸਬੰਧੀ ਜਾਣਕਾਰੀ ਦਿੰਦਿਆਂ ਦੱਸਿਆ ਕਿ ਪ੍ਰਸ਼ਾਸਨ ਵਲੋਂ ਇਸ ਸਬੰਧੀ ਕੋਈ ਕਾਰਵਾਈ ਨਹੀਂ ਕੀਤੀ ਗਈ ਅਤੇ ਲੋਕਾਂ ਨੂੰ ਭਾਰੀ ਪ੍ਰੇਸ਼ਾਨੀ ਦਾ ਸਾਹਮਣਾ ਕਰਨਾ ਪੈ ਰਿਹਾ ਹੈ। ਉਨ੍ਹਾਂ ਮੰਗ ਕੀਤੀ ਕਿ ਜਲਦ ਤੋਂ ਜਲਦ ਇਸ ਮਸਲੇ ਦਾ ਹੱਲ ਕੀਤਾ ਜਾਵੇ। ਪਿੰਡ ਦੇ ਲੋਕਾਂ ਨੇ ਇਸ ਮਾਮਲੇ ਸਬੰਧੀ ਜਾਣਕਾਰੀ ਦਿੰਦਿਆਂ ਦੱਸਿਆ ਕਿ ਪ੍ਰਸ਼ਾਸਨ ਵਲੋਂ ਇਸ ਸਬੰਧੀ ਕੋਈ ਕਾਰਵਾਈ ਨਹੀਂ ਕੀਤੀ ਗਈ ਅਤੇ ਲੋਕਾਂ ਨੂੰ ਭਾਰੀ ਪ੍ਰੇਸ਼ਾਨੀ ਦਾ ਸਾਹਮਣਾ ਕਰਨਾ ਪੈ ਰਿਹਾ ਹੈ। ਉਨ੍ਹਾਂ ਮੰਗ ਕੀਤੀ ਕਿ ਜਲਦ ਤੋਂ ਜਲਦ ਇਸ ਮਸਲੇ ਦਾ ਹੱਲ ਕੀਤਾ ਜਾਵੇ। ਪਿੰਡ ਦੇ ਲੋਕਾਂ ਨੇ ਇਸ ਮਾਮਲੇ ਸਬੰਧੀ ਜਾਣਕਾਰੀ ਦਿੰਦਿਆਂ ਦੱਸਿਆ ਕਿ ਪ੍ਰਸ਼ਾਸਨ ਵਲੋਂ ਇਸ ਸਬੰਧੀ ਕੋਈ ਕਾਰਵਾਈ ਨਹੀਂ ਕੀਤੀ ਗਈ ਅਤੇ ਲੋਕਾਂ ਨੂੰ ਭਾਰੀ ਪ੍ਰੇਸ਼ਾਨੀ ਦਾ ਸਾਹਮਣਾ ਕਰਨਾ ਪੈ ਰਿਹਾ ਹੈ। ਉਨ੍ਹਾਂ ਮੰਗ ਕੀਤੀ ਕਿ ਜਲਦ ਤੋਂ ਜਲਦ ਇਸ ਮਸਲੇ ਦਾ ਹੱਲ ਕੀਤਾ ਜਾਵੇ। ਪਿੰਡ ਦੇ ਲੋਕਾਂ ਨੇ ਇਸ ਮਾਮਲੇ ਸਬੰਧੀ ਜਾਣਕਾਰੀ ਦਿੰਦਿਆਂ ਦੱਸਿਆ ਕਿ ਪ੍ਰਸ਼ਾਸਨ ਵਲੋਂ ਇਸ ਸਬੰਧੀ ਕੋਈ ਕਾਰਵਾਈ ਨਹੀਂ ਕੀਤੀ ਗਈ ਅਤੇ ਲੋਕਾਂ ਨੂੰ ਭਾਰੀ ਪ੍ਰੇਸ਼ਾਨੀ ਦਾ ਸਾਹਮਣਾ ਕਰਨਾ ਪੈ ਰਿਹਾ ਹੈ।
ਪਿੰਡ ਦੇ ਲੋਕਾਂ ਨੇ ਇਸ ਮਾਮਲੇ ਸਬੰਧੀ ਜਾਣਕਾਰੀ ਦਿੰਦਿਆਂ ਦੱਸਿਆ ਕਿ ਪ੍ਰਸ਼ਾਸਨ ਵਲੋਂ ਇਸ ਸਬੰਧੀ ਕੋਈ ਕਾਰਵਾਈ ਨਹੀਂ ਕੀਤੀ ਗਈ ਅਤੇ ਲੋਕਾਂ ਨੂੰ ਭਾਰੀ ਪ੍ਰੇਸ਼ਾਨੀ ਦਾ ਸਾਹਮਣਾ ਕਰਨਾ ਪੈ ਰਿਹਾ ਹੈ। ਉਨ੍ਹਾਂ ਮੰਗ ਕੀਤੀ ਕਿ ਜਲਦ ਤੋਂ ਜਲਦ ਇਸ ਮਸਲੇ ਦਾ ਹੱਲ ਕੀਤਾ ਜਾਵੇ। ਪਿੰਡ ਦੇ ਲੋਕਾਂ ਨੇ ਇਸ ਮਾਮਲੇ ਸਬੰਧੀ ਜਾਣਕਾਰੀ ਦਿੰਦਿਆਂ ਦੱਸਿਆ ਕਿ ਪ੍ਰਸ਼ਾਸਨ ਵਲੋਂ ਇਸ ਸਬੰਧੀ ਕੋਈ ਕਾਰਵਾਈ ਨਹੀਂ ਕੀਤੀ ਗਈ ਅਤੇ ਲੋਕਾਂ ਨੂੰ ਭਾਰੀ ਪ੍ਰੇਸ਼ਾਨੀ ਦਾ ਸਾਹਮਣਾ ਕਰਨਾ ਪੈ ਰਿਹਾ ਹੈ। ਉਨ੍ਹਾਂ ਮੰਗ ਕੀਤੀ ਕਿ ਜਲਦ ਤੋਂ ਜਲਦ ਇਸ ਮਸਲੇ ਦਾ ਹੱਲ ਕੀਤਾ ਜਾਵੇ। ਪਿੰਡ ਦੇ ਲੋਕਾਂ ਨੇ ਇਸ ਮਾਮਲੇ ਸਬੰਧੀ ਜਾਣਕਾਰੀ ਦਿੰਦਿਆਂ ਦੱਸਿਆ ਕਿ ਪ੍ਰਸ਼ਾਸਨ ਵਲੋਂ ਇਸ ਸਬੰਧੀ ਕੋਈ ਕਾਰਵਾਈ ਨਹੀਂ ਕੀਤੀ ਗਈ ਅਤੇ ਲੋਕਾਂ ਨੂੰ ਭਾਰੀ ਪ੍ਰੇਸ਼ਾਨੀ ਦਾ ਸਾਹਮਣਾ ਕਰਨਾ ਪੈ ਰਿਹਾ ਹੈ। ਉਨ੍ਹਾਂ ਮੰਗ ਕੀਤੀ ਕਿ ਜਲਦ ਤੋਂ ਜਲਦ ਇਸ ਮਸਲੇ ਦਾ ਹੱਲ ਕੀਤਾ ਜਾਵੇ। ਪਿੰਡ ਦੇ ਲੋਕਾਂ ਨੇ ਇਸ ਮਾਮਲੇ ਸਬੰਧੀ ਜਾਣਕਾਰੀ ਦਿੰਦਿਆਂ ਦੱਸਿਆ ਕਿ ਪ੍ਰਸ਼ਾਸਨ ਵਲੋਂ ਇਸ ਸਬੰਧੀ ਕੋਈ ਕਾਰਵਾਈ ਨਹੀਂ ਕੀਤੀ ਗਈ ਅਤੇ ਲੋਕਾਂ ਨੂੰ ਭਾਰੀ ਪ੍ਰੇਸ਼ਾਨੀ ਦਾ ਸਾਹਮਣਾ ਕਰਨਾ ਪੈ ਰਿਹਾ ਹੈ। ਉਨ੍ਹਾਂ ਮੰਗ ਕੀਤੀ ਕਿ ਜਲਦ ਤੋਂ ਜਲਦ ਇਸ ਮਸਲੇ ਦਾ ਹੱਲ ਕੀਤਾ ਜਾਵੇ। ਪਿੰਡ ਦੇ ਲੋਕਾਂ ਨੇ ਇਸ ਮਾਮਲੇ ਸਬੰਧੀ ਜਾਣਕਾਰੀ ਦਿੰਦਿਆਂ ਦੱਸਿਆ ਕਿ ਪ੍ਰਸ਼ਾਸਨ ਵਲੋਂ ਇਸ ਸਬੰਧੀ ਕੋਈ ਕਾਰਵਾਈ ਨਹੀਂ ਕੀਤੀ ਗਈ ਅਤੇ ਲੋਕਾਂ ਨੂੰ ਭਾਰੀ ਪ੍ਰੇਸ਼ਾਨੀ ਦਾ ਸਾਹਮਣਾ ਕਰਨਾ ਪੈ ਰਿਹਾ ਹੈ।
